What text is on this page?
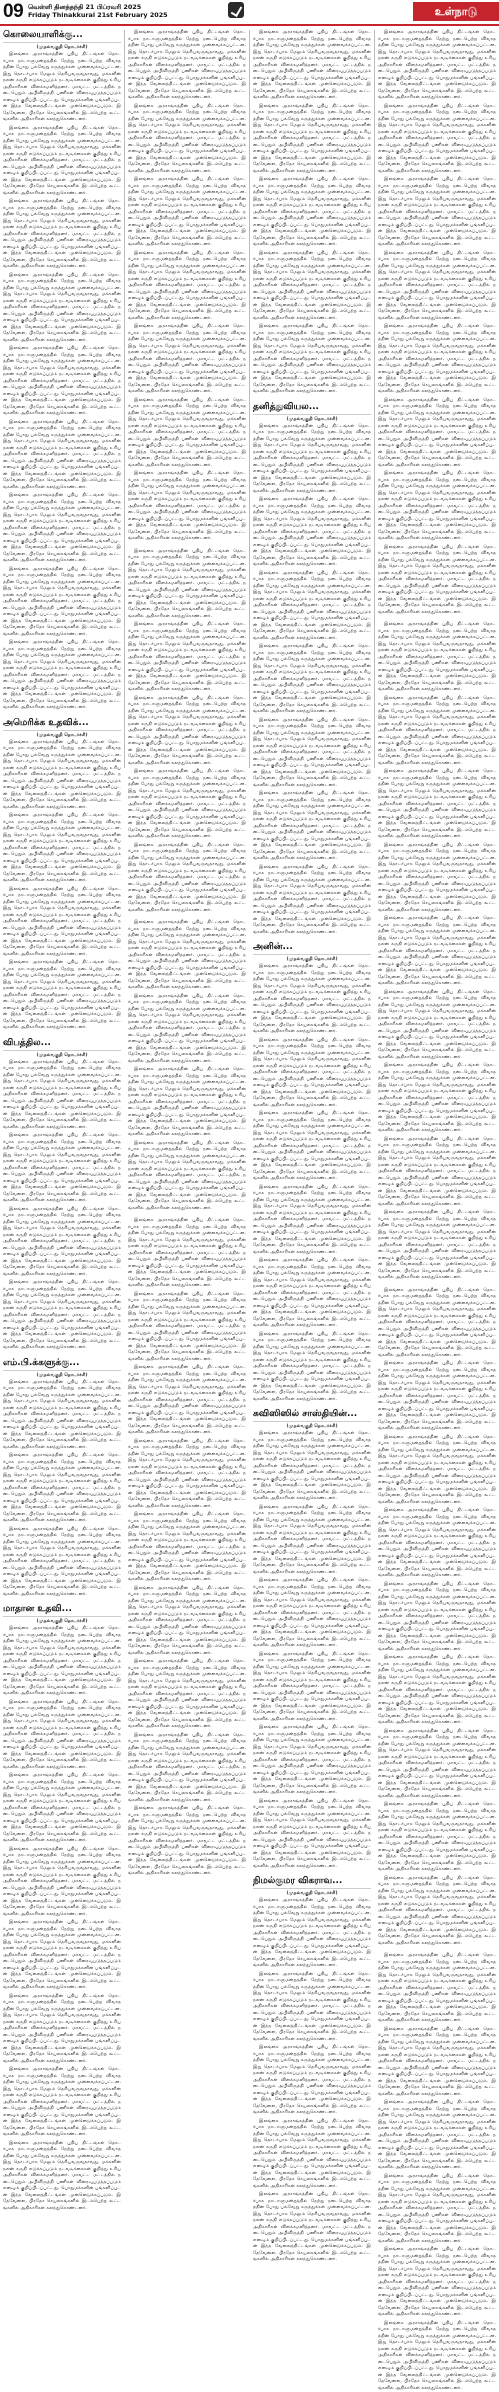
09 வெள்ளி தினத்தந்தி 21 பிப்ரவரி 2025
Friday Thinakkural 21st February 2025	உள்நாடு
கொலையாளிக்கு...
(முதல்வகுதி தொடர்ச்சி)

இலங்கை அரசாங்கத்தின் புதிய திட்டங்கள் தொடர்பாக நாடாளுமன்றத்தில் நேற்று நடைபெற்ற விவாதத்தின் போது பல்வேறு கருத்துக்கள் முன்வைக்கப்பட்டன. இது தொடர்பாக மேலும் தெரியவருவதாவது, மக்களின் நலன் கருதி எடுக்கப்படும் நடவடிக்கைகள் குறித்து உரிய அதிகாரிகள் விளக்கமளித்தனர். மாவட்ட மட்டத்தில் நடைபெறும் அபிவிருத்தி பணிகள் விரைவுபடுத்தப்படும் எனவும் குறிப்பிடப்பட்டது. பொதுமக்களின் பங்களிப்புடன் இந்த வேலைத்திட்டங்கள் முன்னெடுக்கப்படும். இதேவேளை, பிரதேச செயலகங்களில் இடம்பெற்ற கூட்டங்களில் அதிகாரிகள் கலந்துகொண்டனர்.

இலங்கை அரசாங்கத்தின் புதிய திட்டங்கள் தொடர்பாக நாடாளுமன்றத்தில் நேற்று நடைபெற்ற விவாதத்தின் போது பல்வேறு கருத்துக்கள் முன்வைக்கப்பட்டன. இது தொடர்பாக மேலும் தெரியவருவதாவது, மக்களின் நலன் கருதி எடுக்கப்படும் நடவடிக்கைகள் குறித்து உரிய அதிகாரிகள் விளக்கமளித்தனர். மாவட்ட மட்டத்தில் நடைபெறும் அபிவிருத்தி பணிகள் விரைவுபடுத்தப்படும் எனவும் குறிப்பிடப்பட்டது. பொதுமக்களின் பங்களிப்புடன் இந்த வேலைத்திட்டங்கள் முன்னெடுக்கப்படும். இதேவேளை, பிரதேச செயலகங்களில் இடம்பெற்ற கூட்டங்களில் அதிகாரிகள் கலந்துகொண்டனர்.

இலங்கை அரசாங்கத்தின் புதிய திட்டங்கள் தொடர்பாக நாடாளுமன்றத்தில் நேற்று நடைபெற்ற விவாதத்தின் போது பல்வேறு கருத்துக்கள் முன்வைக்கப்பட்டன. இது தொடர்பாக மேலும் தெரியவருவதாவது, மக்களின் நலன் கருதி எடுக்கப்படும் நடவடிக்கைகள் குறித்து உரிய அதிகாரிகள் விளக்கமளித்தனர். மாவட்ட மட்டத்தில் நடைபெறும் அபிவிருத்தி பணிகள் விரைவுபடுத்தப்படும் எனவும் குறிப்பிடப்பட்டது. பொதுமக்களின் பங்களிப்புடன் இந்த வேலைத்திட்டங்கள் முன்னெடுக்கப்படும். இதேவேளை, பிரதேச செயலகங்களில் இடம்பெற்ற கூட்டங்களில் அதிகாரிகள் கலந்துகொண்டனர்.

இலங்கை அரசாங்கத்தின் புதிய திட்டங்கள் தொடர்பாக நாடாளுமன்றத்தில் நேற்று நடைபெற்ற விவாதத்தின் போது பல்வேறு கருத்துக்கள் முன்வைக்கப்பட்டன. இது தொடர்பாக மேலும் தெரியவருவதாவது, மக்களின் நலன் கருதி எடுக்கப்படும் நடவடிக்கைகள் குறித்து உரிய அதிகாரிகள் விளக்கமளித்தனர். மாவட்ட மட்டத்தில் நடைபெறும் அபிவிருத்தி பணிகள் விரைவுபடுத்தப்படும் எனவும் குறிப்பிடப்பட்டது. பொதுமக்களின் பங்களிப்புடன் இந்த வேலைத்திட்டங்கள் முன்னெடுக்கப்படும். இதேவேளை, பிரதேச செயலகங்களில் இடம்பெற்ற கூட்டங்களில் அதிகாரிகள் கலந்துகொண்டனர்.

இலங்கை அரசாங்கத்தின் புதிய திட்டங்கள் தொடர்பாக நாடாளுமன்றத்தில் நேற்று நடைபெற்ற விவாதத்தின் போது பல்வேறு கருத்துக்கள் முன்வைக்கப்பட்டன. இது தொடர்பாக மேலும் தெரியவருவதாவது, மக்களின் நலன் கருதி எடுக்கப்படும் நடவடிக்கைகள் குறித்து உரிய அதிகாரிகள் விளக்கமளித்தனர். மாவட்ட மட்டத்தில் நடைபெறும் அபிவிருத்தி பணிகள் விரைவுபடுத்தப்படும் எனவும் குறிப்பிடப்பட்டது. பொதுமக்களின் பங்களிப்புடன் இந்த வேலைத்திட்டங்கள் முன்னெடுக்கப்படும். இதேவேளை, பிரதேச செயலகங்களில் இடம்பெற்ற கூட்டங்களில் அதிகாரிகள் கலந்துகொண்டனர்.

இலங்கை அரசாங்கத்தின் புதிய திட்டங்கள் தொடர்பாக நாடாளுமன்றத்தில் நேற்று நடைபெற்ற விவாதத்தின் போது பல்வேறு கருத்துக்கள் முன்வைக்கப்பட்டன. இது தொடர்பாக மேலும் தெரியவருவதாவது, மக்களின் நலன் கருதி எடுக்கப்படும் நடவடிக்கைகள் குறித்து உரிய அதிகாரிகள் விளக்கமளித்தனர். மாவட்ட மட்டத்தில் நடைபெறும் அபிவிருத்தி பணிகள் விரைவுபடுத்தப்படும் எனவும் குறிப்பிடப்பட்டது. பொதுமக்களின் பங்களிப்புடன் இந்த வேலைத்திட்டங்கள் முன்னெடுக்கப்படும். இதேவேளை, பிரதேச செயலகங்களில் இடம்பெற்ற கூட்டங்களில் அதிகாரிகள் கலந்துகொண்டனர்.

இலங்கை அரசாங்கத்தின் புதிய திட்டங்கள் தொடர்பாக நாடாளுமன்றத்தில் நேற்று நடைபெற்ற விவாதத்தின் போது பல்வேறு கருத்துக்கள் முன்வைக்கப்பட்டன. இது தொடர்பாக மேலும் தெரியவருவதாவது, மக்களின் நலன் கருதி எடுக்கப்படும் நடவடிக்கைகள் குறித்து உரிய அதிகாரிகள் விளக்கமளித்தனர். மாவட்ட மட்டத்தில் நடைபெறும் அபிவிருத்தி பணிகள் விரைவுபடுத்தப்படும் எனவும் குறிப்பிடப்பட்டது. பொதுமக்களின் பங்களிப்புடன் இந்த வேலைத்திட்டங்கள் முன்னெடுக்கப்படும். இதேவேளை, பிரதேச செயலகங்களில் இடம்பெற்ற கூட்டங்களில் அதிகாரிகள் கலந்துகொண்டனர்.

இலங்கை அரசாங்கத்தின் புதிய திட்டங்கள் தொடர்பாக நாடாளுமன்றத்தில் நேற்று நடைபெற்ற விவாதத்தின் போது பல்வேறு கருத்துக்கள் முன்வைக்கப்பட்டன. இது தொடர்பாக மேலும் தெரியவருவதாவது, மக்களின் நலன் கருதி எடுக்கப்படும் நடவடிக்கைகள் குறித்து உரிய அதிகாரிகள் விளக்கமளித்தனர். மாவட்ட மட்டத்தில் நடைபெறும் அபிவிருத்தி பணிகள் விரைவுபடுத்தப்படும் எனவும் குறிப்பிடப்பட்டது. பொதுமக்களின் பங்களிப்புடன் இந்த வேலைத்திட்டங்கள் முன்னெடுக்கப்படும். இதேவேளை, பிரதேச செயலகங்களில் இடம்பெற்ற கூட்டங்களில் அதிகாரிகள் கலந்துகொண்டனர்.

இலங்கை அரசாங்கத்தின் புதிய திட்டங்கள் தொடர்பாக நாடாளுமன்றத்தில் நேற்று நடைபெற்ற விவாதத்தின் போது பல்வேறு கருத்துக்கள் முன்வைக்கப்பட்டன. இது தொடர்பாக மேலும் தெரியவருவதாவது, மக்களின் நலன் கருதி எடுக்கப்படும் நடவடிக்கைகள் குறித்து உரிய அதிகாரிகள் விளக்கமளித்தனர். மாவட்ட மட்டத்தில் நடைபெறும் அபிவிருத்தி பணிகள் விரைவுபடுத்தப்படும் எனவும் குறிப்பிடப்பட்டது. பொதுமக்களின் பங்களிப்புடன் இந்த வேலைத்திட்டங்கள் முன்னெடுக்கப்படும். இதேவேளை, பிரதேச செயலகங்களில் இடம்பெற்ற கூட்டங்களில் அதிகாரிகள் கலந்துகொண்டனர்.

அமெரிக்க உதவிக்...
(முதல்வகுதி தொடர்ச்சி)

இலங்கை அரசாங்கத்தின் புதிய திட்டங்கள் தொடர்பாக நாடாளுமன்றத்தில் நேற்று நடைபெற்ற விவாதத்தின் போது பல்வேறு கருத்துக்கள் முன்வைக்கப்பட்டன. இது தொடர்பாக மேலும் தெரியவருவதாவது, மக்களின் நலன் கருதி எடுக்கப்படும் நடவடிக்கைகள் குறித்து உரிய அதிகாரிகள் விளக்கமளித்தனர். மாவட்ட மட்டத்தில் நடைபெறும் அபிவிருத்தி பணிகள் விரைவுபடுத்தப்படும் எனவும் குறிப்பிடப்பட்டது. பொதுமக்களின் பங்களிப்புடன் இந்த வேலைத்திட்டங்கள் முன்னெடுக்கப்படும். இதேவேளை, பிரதேச செயலகங்களில் இடம்பெற்ற கூட்டங்களில் அதிகாரிகள் கலந்துகொண்டனர்.

இலங்கை அரசாங்கத்தின் புதிய திட்டங்கள் தொடர்பாக நாடாளுமன்றத்தில் நேற்று நடைபெற்ற விவாதத்தின் போது பல்வேறு கருத்துக்கள் முன்வைக்கப்பட்டன. இது தொடர்பாக மேலும் தெரியவருவதாவது, மக்களின் நலன் கருதி எடுக்கப்படும் நடவடிக்கைகள் குறித்து உரிய அதிகாரிகள் விளக்கமளித்தனர். மாவட்ட மட்டத்தில் நடைபெறும் அபிவிருத்தி பணிகள் விரைவுபடுத்தப்படும் எனவும் குறிப்பிடப்பட்டது. பொதுமக்களின் பங்களிப்புடன் இந்த வேலைத்திட்டங்கள் முன்னெடுக்கப்படும். இதேவேளை, பிரதேச செயலகங்களில் இடம்பெற்ற கூட்டங்களில் அதிகாரிகள் கலந்துகொண்டனர்.

இலங்கை அரசாங்கத்தின் புதிய திட்டங்கள் தொடர்பாக நாடாளுமன்றத்தில் நேற்று நடைபெற்ற விவாதத்தின் போது பல்வேறு கருத்துக்கள் முன்வைக்கப்பட்டன. இது தொடர்பாக மேலும் தெரியவருவதாவது, மக்களின் நலன் கருதி எடுக்கப்படும் நடவடிக்கைகள் குறித்து உரிய அதிகாரிகள் விளக்கமளித்தனர். மாவட்ட மட்டத்தில் நடைபெறும் அபிவிருத்தி பணிகள் விரைவுபடுத்தப்படும் எனவும் குறிப்பிடப்பட்டது. பொதுமக்களின் பங்களிப்புடன் இந்த வேலைத்திட்டங்கள் முன்னெடுக்கப்படும். இதேவேளை, பிரதேச செயலகங்களில் இடம்பெற்ற கூட்டங்களில் அதிகாரிகள் கலந்துகொண்டனர்.

இலங்கை அரசாங்கத்தின் புதிய திட்டங்கள் தொடர்பாக நாடாளுமன்றத்தில் நேற்று நடைபெற்ற விவாதத்தின் போது பல்வேறு கருத்துக்கள் முன்வைக்கப்பட்டன. இது தொடர்பாக மேலும் தெரியவருவதாவது, மக்களின் நலன் கருதி எடுக்கப்படும் நடவடிக்கைகள் குறித்து உரிய அதிகாரிகள் விளக்கமளித்தனர். மாவட்ட மட்டத்தில் நடைபெறும் அபிவிருத்தி பணிகள் விரைவுபடுத்தப்படும் எனவும் குறிப்பிடப்பட்டது. பொதுமக்களின் பங்களிப்புடன் இந்த வேலைத்திட்டங்கள் முன்னெடுக்கப்படும். இதேவேளை, பிரதேச செயலகங்களில் இடம்பெற்ற கூட்டங்களில் அதிகாரிகள் கலந்துகொண்டனர்.

விபத்தில...
(முதல்வகுதி தொடர்ச்சி)

இலங்கை அரசாங்கத்தின் புதிய திட்டங்கள் தொடர்பாக நாடாளுமன்றத்தில் நேற்று நடைபெற்ற விவாதத்தின் போது பல்வேறு கருத்துக்கள் முன்வைக்கப்பட்டன. இது தொடர்பாக மேலும் தெரியவருவதாவது, மக்களின் நலன் கருதி எடுக்கப்படும் நடவடிக்கைகள் குறித்து உரிய அதிகாரிகள் விளக்கமளித்தனர். மாவட்ட மட்டத்தில் நடைபெறும் அபிவிருத்தி பணிகள் விரைவுபடுத்தப்படும் எனவும் குறிப்பிடப்பட்டது. பொதுமக்களின் பங்களிப்புடன் இந்த வேலைத்திட்டங்கள் முன்னெடுக்கப்படும். இதேவேளை, பிரதேச செயலகங்களில் இடம்பெற்ற கூட்டங்களில் அதிகாரிகள் கலந்துகொண்டனர்.

இலங்கை அரசாங்கத்தின் புதிய திட்டங்கள் தொடர்பாக நாடாளுமன்றத்தில் நேற்று நடைபெற்ற விவாதத்தின் போது பல்வேறு கருத்துக்கள் முன்வைக்கப்பட்டன. இது தொடர்பாக மேலும் தெரியவருவதாவது, மக்களின் நலன் கருதி எடுக்கப்படும் நடவடிக்கைகள் குறித்து உரிய அதிகாரிகள் விளக்கமளித்தனர். மாவட்ட மட்டத்தில் நடைபெறும் அபிவிருத்தி பணிகள் விரைவுபடுத்தப்படும் எனவும் குறிப்பிடப்பட்டது. பொதுமக்களின் பங்களிப்புடன் இந்த வேலைத்திட்டங்கள் முன்னெடுக்கப்படும். இதேவேளை, பிரதேச செயலகங்களில் இடம்பெற்ற கூட்டங்களில் அதிகாரிகள் கலந்துகொண்டனர்.

இலங்கை அரசாங்கத்தின் புதிய திட்டங்கள் தொடர்பாக நாடாளுமன்றத்தில் நேற்று நடைபெற்ற விவாதத்தின் போது பல்வேறு கருத்துக்கள் முன்வைக்கப்பட்டன. இது தொடர்பாக மேலும் தெரியவருவதாவது, மக்களின் நலன் கருதி எடுக்கப்படும் நடவடிக்கைகள் குறித்து உரிய அதிகாரிகள் விளக்கமளித்தனர். மாவட்ட மட்டத்தில் நடைபெறும் அபிவிருத்தி பணிகள் விரைவுபடுத்தப்படும் எனவும் குறிப்பிடப்பட்டது. பொதுமக்களின் பங்களிப்புடன் இந்த வேலைத்திட்டங்கள் முன்னெடுக்கப்படும். இதேவேளை, பிரதேச செயலகங்களில் இடம்பெற்ற கூட்டங்களில் அதிகாரிகள் கலந்துகொண்டனர்.

இலங்கை அரசாங்கத்தின் புதிய திட்டங்கள் தொடர்பாக நாடாளுமன்றத்தில் நேற்று நடைபெற்ற விவாதத்தின் போது பல்வேறு கருத்துக்கள் முன்வைக்கப்பட்டன. இது தொடர்பாக மேலும் தெரியவருவதாவது, மக்களின் நலன் கருதி எடுக்கப்படும் நடவடிக்கைகள் குறித்து உரிய அதிகாரிகள் விளக்கமளித்தனர். மாவட்ட மட்டத்தில் நடைபெறும் அபிவிருத்தி பணிகள் விரைவுபடுத்தப்படும் எனவும் குறிப்பிடப்பட்டது. பொதுமக்களின் பங்களிப்புடன் இந்த வேலைத்திட்டங்கள் முன்னெடுக்கப்படும். இதேவேளை, பிரதேச செயலகங்களில் இடம்பெற்ற கூட்டங்களில் அதிகாரிகள் கலந்துகொண்டனர்.

எம்.பி.க்களுக்கு...
(முதல்வகுதி தொடர்ச்சி)

இலங்கை அரசாங்கத்தின் புதிய திட்டங்கள் தொடர்பாக நாடாளுமன்றத்தில் நேற்று நடைபெற்ற விவாதத்தின் போது பல்வேறு கருத்துக்கள் முன்வைக்கப்பட்டன. இது தொடர்பாக மேலும் தெரியவருவதாவது, மக்களின் நலன் கருதி எடுக்கப்படும் நடவடிக்கைகள் குறித்து உரிய அதிகாரிகள் விளக்கமளித்தனர். மாவட்ட மட்டத்தில் நடைபெறும் அபிவிருத்தி பணிகள் விரைவுபடுத்தப்படும் எனவும் குறிப்பிடப்பட்டது. பொதுமக்களின் பங்களிப்புடன் இந்த வேலைத்திட்டங்கள் முன்னெடுக்கப்படும். இதேவேளை, பிரதேச செயலகங்களில் இடம்பெற்ற கூட்டங்களில் அதிகாரிகள் கலந்துகொண்டனர்.

இலங்கை அரசாங்கத்தின் புதிய திட்டங்கள் தொடர்பாக நாடாளுமன்றத்தில் நேற்று நடைபெற்ற விவாதத்தின் போது பல்வேறு கருத்துக்கள் முன்வைக்கப்பட்டன. இது தொடர்பாக மேலும் தெரியவருவதாவது, மக்களின் நலன் கருதி எடுக்கப்படும் நடவடிக்கைகள் குறித்து உரிய அதிகாரிகள் விளக்கமளித்தனர். மாவட்ட மட்டத்தில் நடைபெறும் அபிவிருத்தி பணிகள் விரைவுபடுத்தப்படும் எனவும் குறிப்பிடப்பட்டது. பொதுமக்களின் பங்களிப்புடன் இந்த வேலைத்திட்டங்கள் முன்னெடுக்கப்படும். இதேவேளை, பிரதேச செயலகங்களில் இடம்பெற்ற கூட்டங்களில் அதிகாரிகள் கலந்துகொண்டனர்.

இலங்கை அரசாங்கத்தின் புதிய திட்டங்கள் தொடர்பாக நாடாளுமன்றத்தில் நேற்று நடைபெற்ற விவாதத்தின் போது பல்வேறு கருத்துக்கள் முன்வைக்கப்பட்டன. இது தொடர்பாக மேலும் தெரியவருவதாவது, மக்களின் நலன் கருதி எடுக்கப்படும் நடவடிக்கைகள் குறித்து உரிய அதிகாரிகள் விளக்கமளித்தனர். மாவட்ட மட்டத்தில் நடைபெறும் அபிவிருத்தி பணிகள் விரைவுபடுத்தப்படும் எனவும் குறிப்பிடப்பட்டது. பொதுமக்களின் பங்களிப்புடன் இந்த வேலைத்திட்டங்கள் முன்னெடுக்கப்படும். இதேவேளை, பிரதேச செயலகங்களில் இடம்பெற்ற கூட்டங்களில் அதிகாரிகள் கலந்துகொண்டனர்.

மாதான உதவி...
(முதல்வகுதி தொடர்ச்சி)

இலங்கை அரசாங்கத்தின் புதிய திட்டங்கள் தொடர்பாக நாடாளுமன்றத்தில் நேற்று நடைபெற்ற விவாதத்தின் போது பல்வேறு கருத்துக்கள் முன்வைக்கப்பட்டன. இது தொடர்பாக மேலும் தெரியவருவதாவது, மக்களின் நலன் கருதி எடுக்கப்படும் நடவடிக்கைகள் குறித்து உரிய அதிகாரிகள் விளக்கமளித்தனர். மாவட்ட மட்டத்தில் நடைபெறும் அபிவிருத்தி பணிகள் விரைவுபடுத்தப்படும் எனவும் குறிப்பிடப்பட்டது. பொதுமக்களின் பங்களிப்புடன் இந்த வேலைத்திட்டங்கள் முன்னெடுக்கப்படும். இதேவேளை, பிரதேச செயலகங்களில் இடம்பெற்ற கூட்டங்களில் அதிகாரிகள் கலந்துகொண்டனர்.

இலங்கை அரசாங்கத்தின் புதிய திட்டங்கள் தொடர்பாக நாடாளுமன்றத்தில் நேற்று நடைபெற்ற விவாதத்தின் போது பல்வேறு கருத்துக்கள் முன்வைக்கப்பட்டன. இது தொடர்பாக மேலும் தெரியவருவதாவது, மக்களின் நலன் கருதி எடுக்கப்படும் நடவடிக்கைகள் குறித்து உரிய அதிகாரிகள் விளக்கமளித்தனர். மாவட்ட மட்டத்தில் நடைபெறும் அபிவிருத்தி பணிகள் விரைவுபடுத்தப்படும் எனவும் குறிப்பிடப்பட்டது. பொதுமக்களின் பங்களிப்புடன் இந்த வேலைத்திட்டங்கள் முன்னெடுக்கப்படும். இதேவேளை, பிரதேச செயலகங்களில் இடம்பெற்ற கூட்டங்களில் அதிகாரிகள் கலந்துகொண்டனர்.

இலங்கை அரசாங்கத்தின் புதிய திட்டங்கள் தொடர்பாக நாடாளுமன்றத்தில் நேற்று நடைபெற்ற விவாதத்தின் போது பல்வேறு கருத்துக்கள் முன்வைக்கப்பட்டன. இது தொடர்பாக மேலும் தெரியவருவதாவது, மக்களின் நலன் கருதி எடுக்கப்படும் நடவடிக்கைகள் குறித்து உரிய அதிகாரிகள் விளக்கமளித்தனர். மாவட்ட மட்டத்தில் நடைபெறும் அபிவிருத்தி பணிகள் விரைவுபடுத்தப்படும் எனவும் குறிப்பிடப்பட்டது. பொதுமக்களின் பங்களிப்புடன் இந்த வேலைத்திட்டங்கள் முன்னெடுக்கப்படும். இதேவேளை, பிரதேச செயலகங்களில் இடம்பெற்ற கூட்டங்களில் அதிகாரிகள் கலந்துகொண்டனர்.

இலங்கை அரசாங்கத்தின் புதிய திட்டங்கள் தொடர்பாக நாடாளுமன்றத்தில் நேற்று நடைபெற்ற விவாதத்தின் போது பல்வேறு கருத்துக்கள் முன்வைக்கப்பட்டன. இது தொடர்பாக மேலும் தெரியவருவதாவது, மக்களின் நலன் கருதி எடுக்கப்படும் நடவடிக்கைகள் குறித்து உரிய அதிகாரிகள் விளக்கமளித்தனர். மாவட்ட மட்டத்தில் நடைபெறும் அபிவிருத்தி பணிகள் விரைவுபடுத்தப்படும் எனவும் குறிப்பிடப்பட்டது. பொதுமக்களின் பங்களிப்புடன் இந்த வேலைத்திட்டங்கள் முன்னெடுக்கப்படும். இதேவேளை, பிரதேச செயலகங்களில் இடம்பெற்ற கூட்டங்களில் அதிகாரிகள் கலந்துகொண்டனர்.

இலங்கை அரசாங்கத்தின் புதிய திட்டங்கள் தொடர்பாக நாடாளுமன்றத்தில் நேற்று நடைபெற்ற விவாதத்தின் போது பல்வேறு கருத்துக்கள் முன்வைக்கப்பட்டன. இது தொடர்பாக மேலும் தெரியவருவதாவது, மக்களின் நலன் கருதி எடுக்கப்படும் நடவடிக்கைகள் குறித்து உரிய அதிகாரிகள் விளக்கமளித்தனர். மாவட்ட மட்டத்தில் நடைபெறும் அபிவிருத்தி பணிகள் விரைவுபடுத்தப்படும் எனவும் குறிப்பிடப்பட்டது. பொதுமக்களின் பங்களிப்புடன் இந்த வேலைத்திட்டங்கள் முன்னெடுக்கப்படும். இதேவேளை, பிரதேச செயலகங்களில் இடம்பெற்ற கூட்டங்களில் அதிகாரிகள் கலந்துகொண்டனர்.

இலங்கை அரசாங்கத்தின் புதிய திட்டங்கள் தொடர்பாக நாடாளுமன்றத்தில் நேற்று நடைபெற்ற விவாதத்தின் போது பல்வேறு கருத்துக்கள் முன்வைக்கப்பட்டன. இது தொடர்பாக மேலும் தெரியவருவதாவது, மக்களின் நலன் கருதி எடுக்கப்படும் நடவடிக்கைகள் குறித்து உரிய அதிகாரிகள் விளக்கமளித்தனர். மாவட்ட மட்டத்தில் நடைபெறும் அபிவிருத்தி பணிகள் விரைவுபடுத்தப்படும் எனவும் குறிப்பிடப்பட்டது. பொதுமக்களின் பங்களிப்புடன் இந்த வேலைத்திட்டங்கள் முன்னெடுக்கப்படும். இதேவேளை, பிரதேச செயலகங்களில் இடம்பெற்ற கூட்டங்களில் அதிகாரிகள் கலந்துகொண்டனர்.

இலங்கை அரசாங்கத்தின் புதிய திட்டங்கள் தொடர்பாக நாடாளுமன்றத்தில் நேற்று நடைபெற்ற விவாதத்தின் போது பல்வேறு கருத்துக்கள் முன்வைக்கப்பட்டன. இது தொடர்பாக மேலும் தெரியவருவதாவது, மக்களின் நலன் கருதி எடுக்கப்படும் நடவடிக்கைகள் குறித்து உரிய அதிகாரிகள் விளக்கமளித்தனர். மாவட்ட மட்டத்தில் நடைபெறும் அபிவிருத்தி பணிகள் விரைவுபடுத்தப்படும் எனவும் குறிப்பிடப்பட்டது. பொதுமக்களின் பங்களிப்புடன் இந்த வேலைத்திட்டங்கள் முன்னெடுக்கப்படும். இதேவேளை, பிரதேச செயலகங்களில் இடம்பெற்ற கூட்டங்களில் அதிகாரிகள் கலந்துகொண்டனர்.

இலங்கை அரசாங்கத்தின் புதிய திட்டங்கள் தொடர்பாக நாடாளுமன்றத்தில் நேற்று நடைபெற்ற விவாதத்தின் போது பல்வேறு கருத்துக்கள் முன்வைக்கப்பட்டன. இது தொடர்பாக மேலும் தெரியவருவதாவது, மக்களின் நலன் கருதி எடுக்கப்படும் நடவடிக்கைகள் குறித்து உரிய அதிகாரிகள் விளக்கமளித்தனர். மாவட்ட மட்டத்தில் நடைபெறும் அபிவிருத்தி பணிகள் விரைவுபடுத்தப்படும் எனவும் குறிப்பிடப்பட்டது. பொதுமக்களின் பங்களிப்புடன் இந்த வேலைத்திட்டங்கள் முன்னெடுக்கப்படும். இதேவேளை, பிரதேச செயலகங்களில் இடம்பெற்ற கூட்டங்களில் அதிகாரிகள் கலந்துகொண்டனர்.

இலங்கை அரசாங்கத்தின் புதிய திட்டங்கள் தொடர்பாக நாடாளுமன்றத்தில் நேற்று நடைபெற்ற விவாதத்தின் போது பல்வேறு கருத்துக்கள் முன்வைக்கப்பட்டன. இது தொடர்பாக மேலும் தெரியவருவதாவது, மக்களின் நலன் கருதி எடுக்கப்படும் நடவடிக்கைகள் குறித்து உரிய அதிகாரிகள் விளக்கமளித்தனர். மாவட்ட மட்டத்தில் நடைபெறும் அபிவிருத்தி பணிகள் விரைவுபடுத்தப்படும் எனவும் குறிப்பிடப்பட்டது. பொதுமக்களின் பங்களிப்புடன் இந்த வேலைத்திட்டங்கள் முன்னெடுக்கப்படும். இதேவேளை, பிரதேச செயலகங்களில் இடம்பெற்ற கூட்டங்களில் அதிகாரிகள் கலந்துகொண்டனர்.

இலங்கை அரசாங்கத்தின் புதிய திட்டங்கள் தொடர்பாக நாடாளுமன்றத்தில் நேற்று நடைபெற்ற விவாதத்தின் போது பல்வேறு கருத்துக்கள் முன்வைக்கப்பட்டன. இது தொடர்பாக மேலும் தெரியவருவதாவது, மக்களின் நலன் கருதி எடுக்கப்படும் நடவடிக்கைகள் குறித்து உரிய அதிகாரிகள் விளக்கமளித்தனர். மாவட்ட மட்டத்தில் நடைபெறும் அபிவிருத்தி பணிகள் விரைவுபடுத்தப்படும் எனவும் குறிப்பிடப்பட்டது. பொதுமக்களின் பங்களிப்புடன் இந்த வேலைத்திட்டங்கள் முன்னெடுக்கப்படும். இதேவேளை, பிரதேச செயலகங்களில் இடம்பெற்ற கூட்டங்களில் அதிகாரிகள் கலந்துகொண்டனர்.

இலங்கை அரசாங்கத்தின் புதிய திட்டங்கள் தொடர்பாக நாடாளுமன்றத்தில் நேற்று நடைபெற்ற விவாதத்தின் போது பல்வேறு கருத்துக்கள் முன்வைக்கப்பட்டன. இது தொடர்பாக மேலும் தெரியவருவதாவது, மக்களின் நலன் கருதி எடுக்கப்படும் நடவடிக்கைகள் குறித்து உரிய அதிகாரிகள் விளக்கமளித்தனர். மாவட்ட மட்டத்தில் நடைபெறும் அபிவிருத்தி பணிகள் விரைவுபடுத்தப்படும் எனவும் குறிப்பிடப்பட்டது. பொதுமக்களின் பங்களிப்புடன் இந்த வேலைத்திட்டங்கள் முன்னெடுக்கப்படும். இதேவேளை, பிரதேச செயலகங்களில் இடம்பெற்ற கூட்டங்களில் அதிகாரிகள் கலந்துகொண்டனர்.

இலங்கை அரசாங்கத்தின் புதிய திட்டங்கள் தொடர்பாக நாடாளுமன்றத்தில் நேற்று நடைபெற்ற விவாதத்தின் போது பல்வேறு கருத்துக்கள் முன்வைக்கப்பட்டன. இது தொடர்பாக மேலும் தெரியவருவதாவது, மக்களின் நலன் கருதி எடுக்கப்படும் நடவடிக்கைகள் குறித்து உரிய அதிகாரிகள் விளக்கமளித்தனர். மாவட்ட மட்டத்தில் நடைபெறும் அபிவிருத்தி பணிகள் விரைவுபடுத்தப்படும் எனவும் குறிப்பிடப்பட்டது. பொதுமக்களின் பங்களிப்புடன் இந்த வேலைத்திட்டங்கள் முன்னெடுக்கப்படும். இதேவேளை, பிரதேச செயலகங்களில் இடம்பெற்ற கூட்டங்களில் அதிகாரிகள் கலந்துகொண்டனர்.

இலங்கை அரசாங்கத்தின் புதிய திட்டங்கள் தொடர்பாக நாடாளுமன்றத்தில் நேற்று நடைபெற்ற விவாதத்தின் போது பல்வேறு கருத்துக்கள் முன்வைக்கப்பட்டன. இது தொடர்பாக மேலும் தெரியவருவதாவது, மக்களின் நலன் கருதி எடுக்கப்படும் நடவடிக்கைகள் குறித்து உரிய அதிகாரிகள் விளக்கமளித்தனர். மாவட்ட மட்டத்தில் நடைபெறும் அபிவிருத்தி பணிகள் விரைவுபடுத்தப்படும் எனவும் குறிப்பிடப்பட்டது. பொதுமக்களின் பங்களிப்புடன் இந்த வேலைத்திட்டங்கள் முன்னெடுக்கப்படும். இதேவேளை, பிரதேச செயலகங்களில் இடம்பெற்ற கூட்டங்களில் அதிகாரிகள் கலந்துகொண்டனர்.

இலங்கை அரசாங்கத்தின் புதிய திட்டங்கள் தொடர்பாக நாடாளுமன்றத்தில் நேற்று நடைபெற்ற விவாதத்தின் போது பல்வேறு கருத்துக்கள் முன்வைக்கப்பட்டன. இது தொடர்பாக மேலும் தெரியவருவதாவது, மக்களின் நலன் கருதி எடுக்கப்படும் நடவடிக்கைகள் குறித்து உரிய அதிகாரிகள் விளக்கமளித்தனர். மாவட்ட மட்டத்தில் நடைபெறும் அபிவிருத்தி பணிகள் விரைவுபடுத்தப்படும் எனவும் குறிப்பிடப்பட்டது. பொதுமக்களின் பங்களிப்புடன் இந்த வேலைத்திட்டங்கள் முன்னெடுக்கப்படும். இதேவேளை, பிரதேச செயலகங்களில் இடம்பெற்ற கூட்டங்களில் அதிகாரிகள் கலந்துகொண்டனர்.

இலங்கை அரசாங்கத்தின் புதிய திட்டங்கள் தொடர்பாக நாடாளுமன்றத்தில் நேற்று நடைபெற்ற விவாதத்தின் போது பல்வேறு கருத்துக்கள் முன்வைக்கப்பட்டன. இது தொடர்பாக மேலும் தெரியவருவதாவது, மக்களின் நலன் கருதி எடுக்கப்படும் நடவடிக்கைகள் குறித்து உரிய அதிகாரிகள் விளக்கமளித்தனர். மாவட்ட மட்டத்தில் நடைபெறும் அபிவிருத்தி பணிகள் விரைவுபடுத்தப்படும் எனவும் குறிப்பிடப்பட்டது. பொதுமக்களின் பங்களிப்புடன் இந்த வேலைத்திட்டங்கள் முன்னெடுக்கப்படும். இதேவேளை, பிரதேச செயலகங்களில் இடம்பெற்ற கூட்டங்களில் அதிகாரிகள் கலந்துகொண்டனர்.

இலங்கை அரசாங்கத்தின் புதிய திட்டங்கள் தொடர்பாக நாடாளுமன்றத்தில் நேற்று நடைபெற்ற விவாதத்தின் போது பல்வேறு கருத்துக்கள் முன்வைக்கப்பட்டன. இது தொடர்பாக மேலும் தெரியவருவதாவது, மக்களின் நலன் கருதி எடுக்கப்படும் நடவடிக்கைகள் குறித்து உரிய அதிகாரிகள் விளக்கமளித்தனர். மாவட்ட மட்டத்தில் நடைபெறும் அபிவிருத்தி பணிகள் விரைவுபடுத்தப்படும் எனவும் குறிப்பிடப்பட்டது. பொதுமக்களின் பங்களிப்புடன் இந்த வேலைத்திட்டங்கள் முன்னெடுக்கப்படும். இதேவேளை, பிரதேச செயலகங்களில் இடம்பெற்ற கூட்டங்களில் அதிகாரிகள் கலந்துகொண்டனர்.

இலங்கை அரசாங்கத்தின் புதிய திட்டங்கள் தொடர்பாக நாடாளுமன்றத்தில் நேற்று நடைபெற்ற விவாதத்தின் போது பல்வேறு கருத்துக்கள் முன்வைக்கப்பட்டன. இது தொடர்பாக மேலும் தெரியவருவதாவது, மக்களின் நலன் கருதி எடுக்கப்படும் நடவடிக்கைகள் குறித்து உரிய அதிகாரிகள் விளக்கமளித்தனர். மாவட்ட மட்டத்தில் நடைபெறும் அபிவிருத்தி பணிகள் விரைவுபடுத்தப்படும் எனவும் குறிப்பிடப்பட்டது. பொதுமக்களின் பங்களிப்புடன் இந்த வேலைத்திட்டங்கள் முன்னெடுக்கப்படும். இதேவேளை, பிரதேச செயலகங்களில் இடம்பெற்ற கூட்டங்களில் அதிகாரிகள் கலந்துகொண்டனர்.

இலங்கை அரசாங்கத்தின் புதிய திட்டங்கள் தொடர்பாக நாடாளுமன்றத்தில் நேற்று நடைபெற்ற விவாதத்தின் போது பல்வேறு கருத்துக்கள் முன்வைக்கப்பட்டன. இது தொடர்பாக மேலும் தெரியவருவதாவது, மக்களின் நலன் கருதி எடுக்கப்படும் நடவடிக்கைகள் குறித்து உரிய அதிகாரிகள் விளக்கமளித்தனர். மாவட்ட மட்டத்தில் நடைபெறும் அபிவிருத்தி பணிகள் விரைவுபடுத்தப்படும் எனவும் குறிப்பிடப்பட்டது. பொதுமக்களின் பங்களிப்புடன் இந்த வேலைத்திட்டங்கள் முன்னெடுக்கப்படும். இதேவேளை, பிரதேச செயலகங்களில் இடம்பெற்ற கூட்டங்களில் அதிகாரிகள் கலந்துகொண்டனர்.

இலங்கை அரசாங்கத்தின் புதிய திட்டங்கள் தொடர்பாக நாடாளுமன்றத்தில் நேற்று நடைபெற்ற விவாதத்தின் போது பல்வேறு கருத்துக்கள் முன்வைக்கப்பட்டன. இது தொடர்பாக மேலும் தெரியவருவதாவது, மக்களின் நலன் கருதி எடுக்கப்படும் நடவடிக்கைகள் குறித்து உரிய அதிகாரிகள் விளக்கமளித்தனர். மாவட்ட மட்டத்தில் நடைபெறும் அபிவிருத்தி பணிகள் விரைவுபடுத்தப்படும் எனவும் குறிப்பிடப்பட்டது. பொதுமக்களின் பங்களிப்புடன் இந்த வேலைத்திட்டங்கள் முன்னெடுக்கப்படும். இதேவேளை, பிரதேச செயலகங்களில் இடம்பெற்ற கூட்டங்களில் அதிகாரிகள் கலந்துகொண்டனர்.

இலங்கை அரசாங்கத்தின் புதிய திட்டங்கள் தொடர்பாக நாடாளுமன்றத்தில் நேற்று நடைபெற்ற விவாதத்தின் போது பல்வேறு கருத்துக்கள் முன்வைக்கப்பட்டன. இது தொடர்பாக மேலும் தெரியவருவதாவது, மக்களின் நலன் கருதி எடுக்கப்படும் நடவடிக்கைகள் குறித்து உரிய அதிகாரிகள் விளக்கமளித்தனர். மாவட்ட மட்டத்தில் நடைபெறும் அபிவிருத்தி பணிகள் விரைவுபடுத்தப்படும் எனவும் குறிப்பிடப்பட்டது. பொதுமக்களின் பங்களிப்புடன் இந்த வேலைத்திட்டங்கள் முன்னெடுக்கப்படும். இதேவேளை, பிரதேச செயலகங்களில் இடம்பெற்ற கூட்டங்களில் அதிகாரிகள் கலந்துகொண்டனர்.

இலங்கை அரசாங்கத்தின் புதிய திட்டங்கள் தொடர்பாக நாடாளுமன்றத்தில் நேற்று நடைபெற்ற விவாதத்தின் போது பல்வேறு கருத்துக்கள் முன்வைக்கப்பட்டன. இது தொடர்பாக மேலும் தெரியவருவதாவது, மக்களின் நலன் கருதி எடுக்கப்படும் நடவடிக்கைகள் குறித்து உரிய அதிகாரிகள் விளக்கமளித்தனர். மாவட்ட மட்டத்தில் நடைபெறும் அபிவிருத்தி பணிகள் விரைவுபடுத்தப்படும் எனவும் குறிப்பிடப்பட்டது. பொதுமக்களின் பங்களிப்புடன் இந்த வேலைத்திட்டங்கள் முன்னெடுக்கப்படும். இதேவேளை, பிரதேச செயலகங்களில் இடம்பெற்ற கூட்டங்களில் அதிகாரிகள் கலந்துகொண்டனர்.

இலங்கை அரசாங்கத்தின் புதிய திட்டங்கள் தொடர்பாக நாடாளுமன்றத்தில் நேற்று நடைபெற்ற விவாதத்தின் போது பல்வேறு கருத்துக்கள் முன்வைக்கப்பட்டன. இது தொடர்பாக மேலும் தெரியவருவதாவது, மக்களின் நலன் கருதி எடுக்கப்படும் நடவடிக்கைகள் குறித்து உரிய அதிகாரிகள் விளக்கமளித்தனர். மாவட்ட மட்டத்தில் நடைபெறும் அபிவிருத்தி பணிகள் விரைவுபடுத்தப்படும் எனவும் குறிப்பிடப்பட்டது. பொதுமக்களின் பங்களிப்புடன் இந்த வேலைத்திட்டங்கள் முன்னெடுக்கப்படும். இதேவேளை, பிரதேச செயலகங்களில் இடம்பெற்ற கூட்டங்களில் அதிகாரிகள் கலந்துகொண்டனர்.

இலங்கை அரசாங்கத்தின் புதிய திட்டங்கள் தொடர்பாக நாடாளுமன்றத்தில் நேற்று நடைபெற்ற விவாதத்தின் போது பல்வேறு கருத்துக்கள் முன்வைக்கப்பட்டன. இது தொடர்பாக மேலும் தெரியவருவதாவது, மக்களின் நலன் கருதி எடுக்கப்படும் நடவடிக்கைகள் குறித்து உரிய அதிகாரிகள் விளக்கமளித்தனர். மாவட்ட மட்டத்தில் நடைபெறும் அபிவிருத்தி பணிகள் விரைவுபடுத்தப்படும் எனவும் குறிப்பிடப்பட்டது. பொதுமக்களின் பங்களிப்புடன் இந்த வேலைத்திட்டங்கள் முன்னெடுக்கப்படும். இதேவேளை, பிரதேச செயலகங்களில் இடம்பெற்ற கூட்டங்களில் அதிகாரிகள் கலந்துகொண்டனர்.

இலங்கை அரசாங்கத்தின் புதிய திட்டங்கள் தொடர்பாக நாடாளுமன்றத்தில் நேற்று நடைபெற்ற விவாதத்தின் போது பல்வேறு கருத்துக்கள் முன்வைக்கப்பட்டன. இது தொடர்பாக மேலும் தெரியவருவதாவது, மக்களின் நலன் கருதி எடுக்கப்படும் நடவடிக்கைகள் குறித்து உரிய அதிகாரிகள் விளக்கமளித்தனர். மாவட்ட மட்டத்தில் நடைபெறும் அபிவிருத்தி பணிகள் விரைவுபடுத்தப்படும் எனவும் குறிப்பிடப்பட்டது. பொதுமக்களின் பங்களிப்புடன் இந்த வேலைத்திட்டங்கள் முன்னெடுக்கப்படும். இதேவேளை, பிரதேச செயலகங்களில் இடம்பெற்ற கூட்டங்களில் அதிகாரிகள் கலந்துகொண்டனர்.

இலங்கை அரசாங்கத்தின் புதிய திட்டங்கள் தொடர்பாக நாடாளுமன்றத்தில் நேற்று நடைபெற்ற விவாதத்தின் போது பல்வேறு கருத்துக்கள் முன்வைக்கப்பட்டன. இது தொடர்பாக மேலும் தெரியவருவதாவது, மக்களின் நலன் கருதி எடுக்கப்படும் நடவடிக்கைகள் குறித்து உரிய அதிகாரிகள் விளக்கமளித்தனர். மாவட்ட மட்டத்தில் நடைபெறும் அபிவிருத்தி பணிகள் விரைவுபடுத்தப்படும் எனவும் குறிப்பிடப்பட்டது. பொதுமக்களின் பங்களிப்புடன் இந்த வேலைத்திட்டங்கள் முன்னெடுக்கப்படும். இதேவேளை, பிரதேச செயலகங்களில் இடம்பெற்ற கூட்டங்களில் அதிகாரிகள் கலந்துகொண்டனர்.

இலங்கை அரசாங்கத்தின் புதிய திட்டங்கள் தொடர்பாக நாடாளுமன்றத்தில் நேற்று நடைபெற்ற விவாதத்தின் போது பல்வேறு கருத்துக்கள் முன்வைக்கப்பட்டன. இது தொடர்பாக மேலும் தெரியவருவதாவது, மக்களின் நலன் கருதி எடுக்கப்படும் நடவடிக்கைகள் குறித்து உரிய அதிகாரிகள் விளக்கமளித்தனர். மாவட்ட மட்டத்தில் நடைபெறும் அபிவிருத்தி பணிகள் விரைவுபடுத்தப்படும் எனவும் குறிப்பிடப்பட்டது. பொதுமக்களின் பங்களிப்புடன் இந்த வேலைத்திட்டங்கள் முன்னெடுக்கப்படும். இதேவேளை, பிரதேச செயலகங்களில் இடம்பெற்ற கூட்டங்களில் அதிகாரிகள் கலந்துகொண்டனர்.

இலங்கை அரசாங்கத்தின் புதிய திட்டங்கள் தொடர்பாக நாடாளுமன்றத்தில் நேற்று நடைபெற்ற விவாதத்தின் போது பல்வேறு கருத்துக்கள் முன்வைக்கப்பட்டன. இது தொடர்பாக மேலும் தெரியவருவதாவது, மக்களின் நலன் கருதி எடுக்கப்படும் நடவடிக்கைகள் குறித்து உரிய அதிகாரிகள் விளக்கமளித்தனர். மாவட்ட மட்டத்தில் நடைபெறும் அபிவிருத்தி பணிகள் விரைவுபடுத்தப்படும் எனவும் குறிப்பிடப்பட்டது. பொதுமக்களின் பங்களிப்புடன் இந்த வேலைத்திட்டங்கள் முன்னெடுக்கப்படும். இதேவேளை, பிரதேச செயலகங்களில் இடம்பெற்ற கூட்டங்களில் அதிகாரிகள் கலந்துகொண்டனர்.

இலங்கை அரசாங்கத்தின் புதிய திட்டங்கள் தொடர்பாக நாடாளுமன்றத்தில் நேற்று நடைபெற்ற விவாதத்தின் போது பல்வேறு கருத்துக்கள் முன்வைக்கப்பட்டன. இது தொடர்பாக மேலும் தெரியவருவதாவது, மக்களின் நலன் கருதி எடுக்கப்படும் நடவடிக்கைகள் குறித்து உரிய அதிகாரிகள் விளக்கமளித்தனர். மாவட்ட மட்டத்தில் நடைபெறும் அபிவிருத்தி பணிகள் விரைவுபடுத்தப்படும் எனவும் குறிப்பிடப்பட்டது. பொதுமக்களின் பங்களிப்புடன் இந்த வேலைத்திட்டங்கள் முன்னெடுக்கப்படும். இதேவேளை, பிரதேச செயலகங்களில் இடம்பெற்ற கூட்டங்களில் அதிகாரிகள் கலந்துகொண்டனர்.

இலங்கை அரசாங்கத்தின் புதிய திட்டங்கள் தொடர்பாக நாடாளுமன்றத்தில் நேற்று நடைபெற்ற விவாதத்தின் போது பல்வேறு கருத்துக்கள் முன்வைக்கப்பட்டன. இது தொடர்பாக மேலும் தெரியவருவதாவது, மக்களின் நலன் கருதி எடுக்கப்படும் நடவடிக்கைகள் குறித்து உரிய அதிகாரிகள் விளக்கமளித்தனர். மாவட்ட மட்டத்தில் நடைபெறும் அபிவிருத்தி பணிகள் விரைவுபடுத்தப்படும் எனவும் குறிப்பிடப்பட்டது. பொதுமக்களின் பங்களிப்புடன் இந்த வேலைத்திட்டங்கள் முன்னெடுக்கப்படும். இதேவேளை, பிரதேச செயலகங்களில் இடம்பெற்ற கூட்டங்களில் அதிகாரிகள் கலந்துகொண்டனர்.

இலங்கை அரசாங்கத்தின் புதிய திட்டங்கள் தொடர்பாக நாடாளுமன்றத்தில் நேற்று நடைபெற்ற விவாதத்தின் போது பல்வேறு கருத்துக்கள் முன்வைக்கப்பட்டன. இது தொடர்பாக மேலும் தெரியவருவதாவது, மக்களின் நலன் கருதி எடுக்கப்படும் நடவடிக்கைகள் குறித்து உரிய அதிகாரிகள் விளக்கமளித்தனர். மாவட்ட மட்டத்தில் நடைபெறும் அபிவிருத்தி பணிகள் விரைவுபடுத்தப்படும் எனவும் குறிப்பிடப்பட்டது. பொதுமக்களின் பங்களிப்புடன் இந்த வேலைத்திட்டங்கள் முன்னெடுக்கப்படும். இதேவேளை, பிரதேச செயலகங்களில் இடம்பெற்ற கூட்டங்களில் அதிகாரிகள் கலந்துகொண்டனர்.

இலங்கை அரசாங்கத்தின் புதிய திட்டங்கள் தொடர்பாக நாடாளுமன்றத்தில் நேற்று நடைபெற்ற விவாதத்தின் போது பல்வேறு கருத்துக்கள் முன்வைக்கப்பட்டன. இது தொடர்பாக மேலும் தெரியவருவதாவது, மக்களின் நலன் கருதி எடுக்கப்படும் நடவடிக்கைகள் குறித்து உரிய அதிகாரிகள் விளக்கமளித்தனர். மாவட்ட மட்டத்தில் நடைபெறும் அபிவிருத்தி பணிகள் விரைவுபடுத்தப்படும் எனவும் குறிப்பிடப்பட்டது. பொதுமக்களின் பங்களிப்புடன் இந்த வேலைத்திட்டங்கள் முன்னெடுக்கப்படும். இதேவேளை, பிரதேச செயலகங்களில் இடம்பெற்ற கூட்டங்களில் அதிகாரிகள் கலந்துகொண்டனர்.

இலங்கை அரசாங்கத்தின் புதிய திட்டங்கள் தொடர்பாக நாடாளுமன்றத்தில் நேற்று நடைபெற்ற விவாதத்தின் போது பல்வேறு கருத்துக்கள் முன்வைக்கப்பட்டன. இது தொடர்பாக மேலும் தெரியவருவதாவது, மக்களின் நலன் கருதி எடுக்கப்படும் நடவடிக்கைகள் குறித்து உரிய அதிகாரிகள் விளக்கமளித்தனர். மாவட்ட மட்டத்தில் நடைபெறும் அபிவிருத்தி பணிகள் விரைவுபடுத்தப்படும் எனவும் குறிப்பிடப்பட்டது. பொதுமக்களின் பங்களிப்புடன் இந்த வேலைத்திட்டங்கள் முன்னெடுக்கப்படும். இதேவேளை, பிரதேச செயலகங்களில் இடம்பெற்ற கூட்டங்களில் அதிகாரிகள் கலந்துகொண்டனர்.

இலங்கை அரசாங்கத்தின் புதிய திட்டங்கள் தொடர்பாக நாடாளுமன்றத்தில் நேற்று நடைபெற்ற விவாதத்தின் போது பல்வேறு கருத்துக்கள் முன்வைக்கப்பட்டன. இது தொடர்பாக மேலும் தெரியவருவதாவது, மக்களின் நலன் கருதி எடுக்கப்படும் நடவடிக்கைகள் குறித்து உரிய அதிகாரிகள் விளக்கமளித்தனர். மாவட்ட மட்டத்தில் நடைபெறும் அபிவிருத்தி பணிகள் விரைவுபடுத்தப்படும் எனவும் குறிப்பிடப்பட்டது. பொதுமக்களின் பங்களிப்புடன் இந்த வேலைத்திட்டங்கள் முன்னெடுக்கப்படும். இதேவேளை, பிரதேச செயலகங்களில் இடம்பெற்ற கூட்டங்களில் அதிகாரிகள் கலந்துகொண்டனர்.

இலங்கை அரசாங்கத்தின் புதிய திட்டங்கள் தொடர்பாக நாடாளுமன்றத்தில் நேற்று நடைபெற்ற விவாதத்தின் போது பல்வேறு கருத்துக்கள் முன்வைக்கப்பட்டன. இது தொடர்பாக மேலும் தெரியவருவதாவது, மக்களின் நலன் கருதி எடுக்கப்படும் நடவடிக்கைகள் குறித்து உரிய அதிகாரிகள் விளக்கமளித்தனர். மாவட்ட மட்டத்தில் நடைபெறும் அபிவிருத்தி பணிகள் விரைவுபடுத்தப்படும் எனவும் குறிப்பிடப்பட்டது. பொதுமக்களின் பங்களிப்புடன் இந்த வேலைத்திட்டங்கள் முன்னெடுக்கப்படும். இதேவேளை, பிரதேச செயலகங்களில் இடம்பெற்ற கூட்டங்களில் அதிகாரிகள் கலந்துகொண்டனர்.

இலங்கை அரசாங்கத்தின் புதிய திட்டங்கள் தொடர்பாக நாடாளுமன்றத்தில் நேற்று நடைபெற்ற விவாதத்தின் போது பல்வேறு கருத்துக்கள் முன்வைக்கப்பட்டன. இது தொடர்பாக மேலும் தெரியவருவதாவது, மக்களின் நலன் கருதி எடுக்கப்படும் நடவடிக்கைகள் குறித்து உரிய அதிகாரிகள் விளக்கமளித்தனர். மாவட்ட மட்டத்தில் நடைபெறும் அபிவிருத்தி பணிகள் விரைவுபடுத்தப்படும் எனவும் குறிப்பிடப்பட்டது. பொதுமக்களின் பங்களிப்புடன் இந்த வேலைத்திட்டங்கள் முன்னெடுக்கப்படும். இதேவேளை, பிரதேச செயலகங்களில் இடம்பெற்ற கூட்டங்களில் அதிகாரிகள் கலந்துகொண்டனர்.

இலங்கை அரசாங்கத்தின் புதிய திட்டங்கள் தொடர்பாக நாடாளுமன்றத்தில் நேற்று நடைபெற்ற விவாதத்தின் போது பல்வேறு கருத்துக்கள் முன்வைக்கப்பட்டன. இது தொடர்பாக மேலும் தெரியவருவதாவது, மக்களின் நலன் கருதி எடுக்கப்படும் நடவடிக்கைகள் குறித்து உரிய அதிகாரிகள் விளக்கமளித்தனர். மாவட்ட மட்டத்தில் நடைபெறும் அபிவிருத்தி பணிகள் விரைவுபடுத்தப்படும் எனவும் குறிப்பிடப்பட்டது. பொதுமக்களின் பங்களிப்புடன் இந்த வேலைத்திட்டங்கள் முன்னெடுக்கப்படும். இதேவேளை, பிரதேச செயலகங்களில் இடம்பெற்ற கூட்டங்களில் அதிகாரிகள் கலந்துகொண்டனர்.

இலங்கை அரசாங்கத்தின் புதிய திட்டங்கள் தொடர்பாக நாடாளுமன்றத்தில் நேற்று நடைபெற்ற விவாதத்தின் போது பல்வேறு கருத்துக்கள் முன்வைக்கப்பட்டன. இது தொடர்பாக மேலும் தெரியவருவதாவது, மக்களின் நலன் கருதி எடுக்கப்படும் நடவடிக்கைகள் குறித்து உரிய அதிகாரிகள் விளக்கமளித்தனர். மாவட்ட மட்டத்தில் நடைபெறும் அபிவிருத்தி பணிகள் விரைவுபடுத்தப்படும் எனவும் குறிப்பிடப்பட்டது. பொதுமக்களின் பங்களிப்புடன் இந்த வேலைத்திட்டங்கள் முன்னெடுக்கப்படும். இதேவேளை, பிரதேச செயலகங்களில் இடம்பெற்ற கூட்டங்களில் அதிகாரிகள் கலந்துகொண்டனர்.

இலங்கை அரசாங்கத்தின் புதிய திட்டங்கள் தொடர்பாக நாடாளுமன்றத்தில் நேற்று நடைபெற்ற விவாதத்தின் போது பல்வேறு கருத்துக்கள் முன்வைக்கப்பட்டன. இது தொடர்பாக மேலும் தெரியவருவதாவது, மக்களின் நலன் கருதி எடுக்கப்படும் நடவடிக்கைகள் குறித்து உரிய அதிகாரிகள் விளக்கமளித்தனர். மாவட்ட மட்டத்தில் நடைபெறும் அபிவிருத்தி பணிகள் விரைவுபடுத்தப்படும் எனவும் குறிப்பிடப்பட்டது. பொதுமக்களின் பங்களிப்புடன் இந்த வேலைத்திட்டங்கள் முன்னெடுக்கப்படும். இதேவேளை, பிரதேச செயலகங்களில் இடம்பெற்ற கூட்டங்களில் அதிகாரிகள் கலந்துகொண்டனர்.

தனித்துவியல...
(முதல்வகுதி தொடர்ச்சி)

இலங்கை அரசாங்கத்தின் புதிய திட்டங்கள் தொடர்பாக நாடாளுமன்றத்தில் நேற்று நடைபெற்ற விவாதத்தின் போது பல்வேறு கருத்துக்கள் முன்வைக்கப்பட்டன. இது தொடர்பாக மேலும் தெரியவருவதாவது, மக்களின் நலன் கருதி எடுக்கப்படும் நடவடிக்கைகள் குறித்து உரிய அதிகாரிகள் விளக்கமளித்தனர். மாவட்ட மட்டத்தில் நடைபெறும் அபிவிருத்தி பணிகள் விரைவுபடுத்தப்படும் எனவும் குறிப்பிடப்பட்டது. பொதுமக்களின் பங்களிப்புடன் இந்த வேலைத்திட்டங்கள் முன்னெடுக்கப்படும். இதேவேளை, பிரதேச செயலகங்களில் இடம்பெற்ற கூட்டங்களில் அதிகாரிகள் கலந்துகொண்டனர்.

இலங்கை அரசாங்கத்தின் புதிய திட்டங்கள் தொடர்பாக நாடாளுமன்றத்தில் நேற்று நடைபெற்ற விவாதத்தின் போது பல்வேறு கருத்துக்கள் முன்வைக்கப்பட்டன. இது தொடர்பாக மேலும் தெரியவருவதாவது, மக்களின் நலன் கருதி எடுக்கப்படும் நடவடிக்கைகள் குறித்து உரிய அதிகாரிகள் விளக்கமளித்தனர். மாவட்ட மட்டத்தில் நடைபெறும் அபிவிருத்தி பணிகள் விரைவுபடுத்தப்படும் எனவும் குறிப்பிடப்பட்டது. பொதுமக்களின் பங்களிப்புடன் இந்த வேலைத்திட்டங்கள் முன்னெடுக்கப்படும். இதேவேளை, பிரதேச செயலகங்களில் இடம்பெற்ற கூட்டங்களில் அதிகாரிகள் கலந்துகொண்டனர்.

இலங்கை அரசாங்கத்தின் புதிய திட்டங்கள் தொடர்பாக நாடாளுமன்றத்தில் நேற்று நடைபெற்ற விவாதத்தின் போது பல்வேறு கருத்துக்கள் முன்வைக்கப்பட்டன. இது தொடர்பாக மேலும் தெரியவருவதாவது, மக்களின் நலன் கருதி எடுக்கப்படும் நடவடிக்கைகள் குறித்து உரிய அதிகாரிகள் விளக்கமளித்தனர். மாவட்ட மட்டத்தில் நடைபெறும் அபிவிருத்தி பணிகள் விரைவுபடுத்தப்படும் எனவும் குறிப்பிடப்பட்டது. பொதுமக்களின் பங்களிப்புடன் இந்த வேலைத்திட்டங்கள் முன்னெடுக்கப்படும். இதேவேளை, பிரதேச செயலகங்களில் இடம்பெற்ற கூட்டங்களில் அதிகாரிகள் கலந்துகொண்டனர்.

இலங்கை அரசாங்கத்தின் புதிய திட்டங்கள் தொடர்பாக நாடாளுமன்றத்தில் நேற்று நடைபெற்ற விவாதத்தின் போது பல்வேறு கருத்துக்கள் முன்வைக்கப்பட்டன. இது தொடர்பாக மேலும் தெரியவருவதாவது, மக்களின் நலன் கருதி எடுக்கப்படும் நடவடிக்கைகள் குறித்து உரிய அதிகாரிகள் விளக்கமளித்தனர். மாவட்ட மட்டத்தில் நடைபெறும் அபிவிருத்தி பணிகள் விரைவுபடுத்தப்படும் எனவும் குறிப்பிடப்பட்டது. பொதுமக்களின் பங்களிப்புடன் இந்த வேலைத்திட்டங்கள் முன்னெடுக்கப்படும். இதேவேளை, பிரதேச செயலகங்களில் இடம்பெற்ற கூட்டங்களில் அதிகாரிகள் கலந்துகொண்டனர்.

இலங்கை அரசாங்கத்தின் புதிய திட்டங்கள் தொடர்பாக நாடாளுமன்றத்தில் நேற்று நடைபெற்ற விவாதத்தின் போது பல்வேறு கருத்துக்கள் முன்வைக்கப்பட்டன. இது தொடர்பாக மேலும் தெரியவருவதாவது, மக்களின் நலன் கருதி எடுக்கப்படும் நடவடிக்கைகள் குறித்து உரிய அதிகாரிகள் விளக்கமளித்தனர். மாவட்ட மட்டத்தில் நடைபெறும் அபிவிருத்தி பணிகள் விரைவுபடுத்தப்படும் எனவும் குறிப்பிடப்பட்டது. பொதுமக்களின் பங்களிப்புடன் இந்த வேலைத்திட்டங்கள் முன்னெடுக்கப்படும். இதேவேளை, பிரதேச செயலகங்களில் இடம்பெற்ற கூட்டங்களில் அதிகாரிகள் கலந்துகொண்டனர்.

இலங்கை அரசாங்கத்தின் புதிய திட்டங்கள் தொடர்பாக நாடாளுமன்றத்தில் நேற்று நடைபெற்ற விவாதத்தின் போது பல்வேறு கருத்துக்கள் முன்வைக்கப்பட்டன. இது தொடர்பாக மேலும் தெரியவருவதாவது, மக்களின் நலன் கருதி எடுக்கப்படும் நடவடிக்கைகள் குறித்து உரிய அதிகாரிகள் விளக்கமளித்தனர். மாவட்ட மட்டத்தில் நடைபெறும் அபிவிருத்தி பணிகள் விரைவுபடுத்தப்படும் எனவும் குறிப்பிடப்பட்டது. பொதுமக்களின் பங்களிப்புடன் இந்த வேலைத்திட்டங்கள் முன்னெடுக்கப்படும். இதேவேளை, பிரதேச செயலகங்களில் இடம்பெற்ற கூட்டங்களில் அதிகாரிகள் கலந்துகொண்டனர்.

இலங்கை அரசாங்கத்தின் புதிய திட்டங்கள் தொடர்பாக நாடாளுமன்றத்தில் நேற்று நடைபெற்ற விவாதத்தின் போது பல்வேறு கருத்துக்கள் முன்வைக்கப்பட்டன. இது தொடர்பாக மேலும் தெரியவருவதாவது, மக்களின் நலன் கருதி எடுக்கப்படும் நடவடிக்கைகள் குறித்து உரிய அதிகாரிகள் விளக்கமளித்தனர். மாவட்ட மட்டத்தில் நடைபெறும் அபிவிருத்தி பணிகள் விரைவுபடுத்தப்படும் எனவும் குறிப்பிடப்பட்டது. பொதுமக்களின் பங்களிப்புடன் இந்த வேலைத்திட்டங்கள் முன்னெடுக்கப்படும். இதேவேளை, பிரதேச செயலகங்களில் இடம்பெற்ற கூட்டங்களில் அதிகாரிகள் கலந்துகொண்டனர்.

அனின்...
(முதல்வகுதி தொடர்ச்சி)

இலங்கை அரசாங்கத்தின் புதிய திட்டங்கள் தொடர்பாக நாடாளுமன்றத்தில் நேற்று நடைபெற்ற விவாதத்தின் போது பல்வேறு கருத்துக்கள் முன்வைக்கப்பட்டன. இது தொடர்பாக மேலும் தெரியவருவதாவது, மக்களின் நலன் கருதி எடுக்கப்படும் நடவடிக்கைகள் குறித்து உரிய அதிகாரிகள் விளக்கமளித்தனர். மாவட்ட மட்டத்தில் நடைபெறும் அபிவிருத்தி பணிகள் விரைவுபடுத்தப்படும் எனவும் குறிப்பிடப்பட்டது. பொதுமக்களின் பங்களிப்புடன் இந்த வேலைத்திட்டங்கள் முன்னெடுக்கப்படும். இதேவேளை, பிரதேச செயலகங்களில் இடம்பெற்ற கூட்டங்களில் அதிகாரிகள் கலந்துகொண்டனர்.

இலங்கை அரசாங்கத்தின் புதிய திட்டங்கள் தொடர்பாக நாடாளுமன்றத்தில் நேற்று நடைபெற்ற விவாதத்தின் போது பல்வேறு கருத்துக்கள் முன்வைக்கப்பட்டன. இது தொடர்பாக மேலும் தெரியவருவதாவது, மக்களின் நலன் கருதி எடுக்கப்படும் நடவடிக்கைகள் குறித்து உரிய அதிகாரிகள் விளக்கமளித்தனர். மாவட்ட மட்டத்தில் நடைபெறும் அபிவிருத்தி பணிகள் விரைவுபடுத்தப்படும் எனவும் குறிப்பிடப்பட்டது. பொதுமக்களின் பங்களிப்புடன் இந்த வேலைத்திட்டங்கள் முன்னெடுக்கப்படும். இதேவேளை, பிரதேச செயலகங்களில் இடம்பெற்ற கூட்டங்களில் அதிகாரிகள் கலந்துகொண்டனர்.

இலங்கை அரசாங்கத்தின் புதிய திட்டங்கள் தொடர்பாக நாடாளுமன்றத்தில் நேற்று நடைபெற்ற விவாதத்தின் போது பல்வேறு கருத்துக்கள் முன்வைக்கப்பட்டன. இது தொடர்பாக மேலும் தெரியவருவதாவது, மக்களின் நலன் கருதி எடுக்கப்படும் நடவடிக்கைகள் குறித்து உரிய அதிகாரிகள் விளக்கமளித்தனர். மாவட்ட மட்டத்தில் நடைபெறும் அபிவிருத்தி பணிகள் விரைவுபடுத்தப்படும் எனவும் குறிப்பிடப்பட்டது. பொதுமக்களின் பங்களிப்புடன் இந்த வேலைத்திட்டங்கள் முன்னெடுக்கப்படும். இதேவேளை, பிரதேச செயலகங்களில் இடம்பெற்ற கூட்டங்களில் அதிகாரிகள் கலந்துகொண்டனர்.

இலங்கை அரசாங்கத்தின் புதிய திட்டங்கள் தொடர்பாக நாடாளுமன்றத்தில் நேற்று நடைபெற்ற விவாதத்தின் போது பல்வேறு கருத்துக்கள் முன்வைக்கப்பட்டன. இது தொடர்பாக மேலும் தெரியவருவதாவது, மக்களின் நலன் கருதி எடுக்கப்படும் நடவடிக்கைகள் குறித்து உரிய அதிகாரிகள் விளக்கமளித்தனர். மாவட்ட மட்டத்தில் நடைபெறும் அபிவிருத்தி பணிகள் விரைவுபடுத்தப்படும் எனவும் குறிப்பிடப்பட்டது. பொதுமக்களின் பங்களிப்புடன் இந்த வேலைத்திட்டங்கள் முன்னெடுக்கப்படும். இதேவேளை, பிரதேச செயலகங்களில் இடம்பெற்ற கூட்டங்களில் அதிகாரிகள் கலந்துகொண்டனர்.

இலங்கை அரசாங்கத்தின் புதிய திட்டங்கள் தொடர்பாக நாடாளுமன்றத்தில் நேற்று நடைபெற்ற விவாதத்தின் போது பல்வேறு கருத்துக்கள் முன்வைக்கப்பட்டன. இது தொடர்பாக மேலும் தெரியவருவதாவது, மக்களின் நலன் கருதி எடுக்கப்படும் நடவடிக்கைகள் குறித்து உரிய அதிகாரிகள் விளக்கமளித்தனர். மாவட்ட மட்டத்தில் நடைபெறும் அபிவிருத்தி பணிகள் விரைவுபடுத்தப்படும் எனவும் குறிப்பிடப்பட்டது. பொதுமக்களின் பங்களிப்புடன் இந்த வேலைத்திட்டங்கள் முன்னெடுக்கப்படும். இதேவேளை, பிரதேச செயலகங்களில் இடம்பெற்ற கூட்டங்களில் அதிகாரிகள் கலந்துகொண்டனர்.

இலங்கை அரசாங்கத்தின் புதிய திட்டங்கள் தொடர்பாக நாடாளுமன்றத்தில் நேற்று நடைபெற்ற விவாதத்தின் போது பல்வேறு கருத்துக்கள் முன்வைக்கப்பட்டன. இது தொடர்பாக மேலும் தெரியவருவதாவது, மக்களின் நலன் கருதி எடுக்கப்படும் நடவடிக்கைகள் குறித்து உரிய அதிகாரிகள் விளக்கமளித்தனர். மாவட்ட மட்டத்தில் நடைபெறும் அபிவிருத்தி பணிகள் விரைவுபடுத்தப்படும் எனவும் குறிப்பிடப்பட்டது. பொதுமக்களின் பங்களிப்புடன் இந்த வேலைத்திட்டங்கள் முன்னெடுக்கப்படும். இதேவேளை, பிரதேச செயலகங்களில் இடம்பெற்ற கூட்டங்களில் அதிகாரிகள் கலந்துகொண்டனர்.

சுவிஸிஸில் சாஸ்தியின்...
(முதல்வகுதி தொடர்ச்சி)

இலங்கை அரசாங்கத்தின் புதிய திட்டங்கள் தொடர்பாக நாடாளுமன்றத்தில் நேற்று நடைபெற்ற விவாதத்தின் போது பல்வேறு கருத்துக்கள் முன்வைக்கப்பட்டன. இது தொடர்பாக மேலும் தெரியவருவதாவது, மக்களின் நலன் கருதி எடுக்கப்படும் நடவடிக்கைகள் குறித்து உரிய அதிகாரிகள் விளக்கமளித்தனர். மாவட்ட மட்டத்தில் நடைபெறும் அபிவிருத்தி பணிகள் விரைவுபடுத்தப்படும் எனவும் குறிப்பிடப்பட்டது. பொதுமக்களின் பங்களிப்புடன் இந்த வேலைத்திட்டங்கள் முன்னெடுக்கப்படும். இதேவேளை, பிரதேச செயலகங்களில் இடம்பெற்ற கூட்டங்களில் அதிகாரிகள் கலந்துகொண்டனர்.

இலங்கை அரசாங்கத்தின் புதிய திட்டங்கள் தொடர்பாக நாடாளுமன்றத்தில் நேற்று நடைபெற்ற விவாதத்தின் போது பல்வேறு கருத்துக்கள் முன்வைக்கப்பட்டன. இது தொடர்பாக மேலும் தெரியவருவதாவது, மக்களின் நலன் கருதி எடுக்கப்படும் நடவடிக்கைகள் குறித்து உரிய அதிகாரிகள் விளக்கமளித்தனர். மாவட்ட மட்டத்தில் நடைபெறும் அபிவிருத்தி பணிகள் விரைவுபடுத்தப்படும் எனவும் குறிப்பிடப்பட்டது. பொதுமக்களின் பங்களிப்புடன் இந்த வேலைத்திட்டங்கள் முன்னெடுக்கப்படும். இதேவேளை, பிரதேச செயலகங்களில் இடம்பெற்ற கூட்டங்களில் அதிகாரிகள் கலந்துகொண்டனர்.

இலங்கை அரசாங்கத்தின் புதிய திட்டங்கள் தொடர்பாக நாடாளுமன்றத்தில் நேற்று நடைபெற்ற விவாதத்தின் போது பல்வேறு கருத்துக்கள் முன்வைக்கப்பட்டன. இது தொடர்பாக மேலும் தெரியவருவதாவது, மக்களின் நலன் கருதி எடுக்கப்படும் நடவடிக்கைகள் குறித்து உரிய அதிகாரிகள் விளக்கமளித்தனர். மாவட்ட மட்டத்தில் நடைபெறும் அபிவிருத்தி பணிகள் விரைவுபடுத்தப்படும் எனவும் குறிப்பிடப்பட்டது. பொதுமக்களின் பங்களிப்புடன் இந்த வேலைத்திட்டங்கள் முன்னெடுக்கப்படும். இதேவேளை, பிரதேச செயலகங்களில் இடம்பெற்ற கூட்டங்களில் அதிகாரிகள் கலந்துகொண்டனர்.

இலங்கை அரசாங்கத்தின் புதிய திட்டங்கள் தொடர்பாக நாடாளுமன்றத்தில் நேற்று நடைபெற்ற விவாதத்தின் போது பல்வேறு கருத்துக்கள் முன்வைக்கப்பட்டன. இது தொடர்பாக மேலும் தெரியவருவதாவது, மக்களின் நலன் கருதி எடுக்கப்படும் நடவடிக்கைகள் குறித்து உரிய அதிகாரிகள் விளக்கமளித்தனர். மாவட்ட மட்டத்தில் நடைபெறும் அபிவிருத்தி பணிகள் விரைவுபடுத்தப்படும் எனவும் குறிப்பிடப்பட்டது. பொதுமக்களின் பங்களிப்புடன் இந்த வேலைத்திட்டங்கள் முன்னெடுக்கப்படும். இதேவேளை, பிரதேச செயலகங்களில் இடம்பெற்ற கூட்டங்களில் அதிகாரிகள் கலந்துகொண்டனர்.

இலங்கை அரசாங்கத்தின் புதிய திட்டங்கள் தொடர்பாக நாடாளுமன்றத்தில் நேற்று நடைபெற்ற விவாதத்தின் போது பல்வேறு கருத்துக்கள் முன்வைக்கப்பட்டன. இது தொடர்பாக மேலும் தெரியவருவதாவது, மக்களின் நலன் கருதி எடுக்கப்படும் நடவடிக்கைகள் குறித்து உரிய அதிகாரிகள் விளக்கமளித்தனர். மாவட்ட மட்டத்தில் நடைபெறும் அபிவிருத்தி பணிகள் விரைவுபடுத்தப்படும் எனவும் குறிப்பிடப்பட்டது. பொதுமக்களின் பங்களிப்புடன் இந்த வேலைத்திட்டங்கள் முன்னெடுக்கப்படும். இதேவேளை, பிரதேச செயலகங்களில் இடம்பெற்ற கூட்டங்களில் அதிகாரிகள் கலந்துகொண்டனர்.

இலங்கை அரசாங்கத்தின் புதிய திட்டங்கள் தொடர்பாக நாடாளுமன்றத்தில் நேற்று நடைபெற்ற விவாதத்தின் போது பல்வேறு கருத்துக்கள் முன்வைக்கப்பட்டன. இது தொடர்பாக மேலும் தெரியவருவதாவது, மக்களின் நலன் கருதி எடுக்கப்படும் நடவடிக்கைகள் குறித்து உரிய அதிகாரிகள் விளக்கமளித்தனர். மாவட்ட மட்டத்தில் நடைபெறும் அபிவிருத்தி பணிகள் விரைவுபடுத்தப்படும் எனவும் குறிப்பிடப்பட்டது. பொதுமக்களின் பங்களிப்புடன் இந்த வேலைத்திட்டங்கள் முன்னெடுக்கப்படும். இதேவேளை, பிரதேச செயலகங்களில் இடம்பெற்ற கூட்டங்களில் அதிகாரிகள் கலந்துகொண்டனர்.

நிமல்குமர விகராவ...
(முதல்வகுதி தொடர்ச்சி)

இலங்கை அரசாங்கத்தின் புதிய திட்டங்கள் தொடர்பாக நாடாளுமன்றத்தில் நேற்று நடைபெற்ற விவாதத்தின் போது பல்வேறு கருத்துக்கள் முன்வைக்கப்பட்டன. இது தொடர்பாக மேலும் தெரியவருவதாவது, மக்களின் நலன் கருதி எடுக்கப்படும் நடவடிக்கைகள் குறித்து உரிய அதிகாரிகள் விளக்கமளித்தனர். மாவட்ட மட்டத்தில் நடைபெறும் அபிவிருத்தி பணிகள் விரைவுபடுத்தப்படும் எனவும் குறிப்பிடப்பட்டது. பொதுமக்களின் பங்களிப்புடன் இந்த வேலைத்திட்டங்கள் முன்னெடுக்கப்படும். இதேவேளை, பிரதேச செயலகங்களில் இடம்பெற்ற கூட்டங்களில் அதிகாரிகள் கலந்துகொண்டனர்.

இலங்கை அரசாங்கத்தின் புதிய திட்டங்கள் தொடர்பாக நாடாளுமன்றத்தில் நேற்று நடைபெற்ற விவாதத்தின் போது பல்வேறு கருத்துக்கள் முன்வைக்கப்பட்டன. இது தொடர்பாக மேலும் தெரியவருவதாவது, மக்களின் நலன் கருதி எடுக்கப்படும் நடவடிக்கைகள் குறித்து உரிய அதிகாரிகள் விளக்கமளித்தனர். மாவட்ட மட்டத்தில் நடைபெறும் அபிவிருத்தி பணிகள் விரைவுபடுத்தப்படும் எனவும் குறிப்பிடப்பட்டது. பொதுமக்களின் பங்களிப்புடன் இந்த வேலைத்திட்டங்கள் முன்னெடுக்கப்படும். இதேவேளை, பிரதேச செயலகங்களில் இடம்பெற்ற கூட்டங்களில் அதிகாரிகள் கலந்துகொண்டனர்.

இலங்கை அரசாங்கத்தின் புதிய திட்டங்கள் தொடர்பாக நாடாளுமன்றத்தில் நேற்று நடைபெற்ற விவாதத்தின் போது பல்வேறு கருத்துக்கள் முன்வைக்கப்பட்டன. இது தொடர்பாக மேலும் தெரியவருவதாவது, மக்களின் நலன் கருதி எடுக்கப்படும் நடவடிக்கைகள் குறித்து உரிய அதிகாரிகள் விளக்கமளித்தனர். மாவட்ட மட்டத்தில் நடைபெறும் அபிவிருத்தி பணிகள் விரைவுபடுத்தப்படும் எனவும் குறிப்பிடப்பட்டது. பொதுமக்களின் பங்களிப்புடன் இந்த வேலைத்திட்டங்கள் முன்னெடுக்கப்படும். இதேவேளை, பிரதேச செயலகங்களில் இடம்பெற்ற கூட்டங்களில் அதிகாரிகள் கலந்துகொண்டனர்.

இலங்கை அரசாங்கத்தின் புதிய திட்டங்கள் தொடர்பாக நாடாளுமன்றத்தில் நேற்று நடைபெற்ற விவாதத்தின் போது பல்வேறு கருத்துக்கள் முன்வைக்கப்பட்டன. இது தொடர்பாக மேலும் தெரியவருவதாவது, மக்களின் நலன் கருதி எடுக்கப்படும் நடவடிக்கைகள் குறித்து உரிய அதிகாரிகள் விளக்கமளித்தனர். மாவட்ட மட்டத்தில் நடைபெறும் அபிவிருத்தி பணிகள் விரைவுபடுத்தப்படும் எனவும் குறிப்பிடப்பட்டது. பொதுமக்களின் பங்களிப்புடன் இந்த வேலைத்திட்டங்கள் முன்னெடுக்கப்படும். இதேவேளை, பிரதேச செயலகங்களில் இடம்பெற்ற கூட்டங்களில் அதிகாரிகள் கலந்துகொண்டனர்.

இலங்கை அரசாங்கத்தின் புதிய திட்டங்கள் தொடர்பாக நாடாளுமன்றத்தில் நேற்று நடைபெற்ற விவாதத்தின் போது பல்வேறு கருத்துக்கள் முன்வைக்கப்பட்டன. இது தொடர்பாக மேலும் தெரியவருவதாவது, மக்களின் நலன் கருதி எடுக்கப்படும் நடவடிக்கைகள் குறித்து உரிய அதிகாரிகள் விளக்கமளித்தனர். மாவட்ட மட்டத்தில் நடைபெறும் அபிவிருத்தி பணிகள் விரைவுபடுத்தப்படும் எனவும் குறிப்பிடப்பட்டது. பொதுமக்களின் பங்களிப்புடன் இந்த வேலைத்திட்டங்கள் முன்னெடுக்கப்படும். இதேவேளை, பிரதேச செயலகங்களில் இடம்பெற்ற கூட்டங்களில் அதிகாரிகள் கலந்துகொண்டனர்.

இலங்கை அரசாங்கத்தின் புதிய திட்டங்கள் தொடர்பாக நாடாளுமன்றத்தில் நேற்று நடைபெற்ற விவாதத்தின் போது பல்வேறு கருத்துக்கள் முன்வைக்கப்பட்டன. இது தொடர்பாக மேலும் தெரியவருவதாவது, மக்களின் நலன் கருதி எடுக்கப்படும் நடவடிக்கைகள் குறித்து உரிய அதிகாரிகள் விளக்கமளித்தனர். மாவட்ட மட்டத்தில் நடைபெறும் அபிவிருத்தி பணிகள் விரைவுபடுத்தப்படும் எனவும் குறிப்பிடப்பட்டது. பொதுமக்களின் பங்களிப்புடன் இந்த வேலைத்திட்டங்கள் முன்னெடுக்கப்படும். இதேவேளை, பிரதேச செயலகங்களில் இடம்பெற்ற கூட்டங்களில் அதிகாரிகள் கலந்துகொண்டனர்.

இலங்கை அரசாங்கத்தின் புதிய திட்டங்கள் தொடர்பாக நாடாளுமன்றத்தில் நேற்று நடைபெற்ற விவாதத்தின் போது பல்வேறு கருத்துக்கள் முன்வைக்கப்பட்டன. இது தொடர்பாக மேலும் தெரியவருவதாவது, மக்களின் நலன் கருதி எடுக்கப்படும் நடவடிக்கைகள் குறித்து உரிய அதிகாரிகள் விளக்கமளித்தனர். மாவட்ட மட்டத்தில் நடைபெறும் அபிவிருத்தி பணிகள் விரைவுபடுத்தப்படும் எனவும் குறிப்பிடப்பட்டது. பொதுமக்களின் பங்களிப்புடன் இந்த வேலைத்திட்டங்கள் முன்னெடுக்கப்படும். இதேவேளை, பிரதேச செயலகங்களில் இடம்பெற்ற கூட்டங்களில் அதிகாரிகள் கலந்துகொண்டனர்.

இலங்கை அரசாங்கத்தின் புதிய திட்டங்கள் தொடர்பாக நாடாளுமன்றத்தில் நேற்று நடைபெற்ற விவாதத்தின் போது பல்வேறு கருத்துக்கள் முன்வைக்கப்பட்டன. இது தொடர்பாக மேலும் தெரியவருவதாவது, மக்களின் நலன் கருதி எடுக்கப்படும் நடவடிக்கைகள் குறித்து உரிய அதிகாரிகள் விளக்கமளித்தனர். மாவட்ட மட்டத்தில் நடைபெறும் அபிவிருத்தி பணிகள் விரைவுபடுத்தப்படும் எனவும் குறிப்பிடப்பட்டது. பொதுமக்களின் பங்களிப்புடன் இந்த வேலைத்திட்டங்கள் முன்னெடுக்கப்படும். இதேவேளை, பிரதேச செயலகங்களில் இடம்பெற்ற கூட்டங்களில் அதிகாரிகள் கலந்துகொண்டனர்.

இலங்கை அரசாங்கத்தின் புதிய திட்டங்கள் தொடர்பாக நாடாளுமன்றத்தில் நேற்று நடைபெற்ற விவாதத்தின் போது பல்வேறு கருத்துக்கள் முன்வைக்கப்பட்டன. இது தொடர்பாக மேலும் தெரியவருவதாவது, மக்களின் நலன் கருதி எடுக்கப்படும் நடவடிக்கைகள் குறித்து உரிய அதிகாரிகள் விளக்கமளித்தனர். மாவட்ட மட்டத்தில் நடைபெறும் அபிவிருத்தி பணிகள் விரைவுபடுத்தப்படும் எனவும் குறிப்பிடப்பட்டது. பொதுமக்களின் பங்களிப்புடன் இந்த வேலைத்திட்டங்கள் முன்னெடுக்கப்படும். இதேவேளை, பிரதேச செயலகங்களில் இடம்பெற்ற கூட்டங்களில் அதிகாரிகள் கலந்துகொண்டனர்.

இலங்கை அரசாங்கத்தின் புதிய திட்டங்கள் தொடர்பாக நாடாளுமன்றத்தில் நேற்று நடைபெற்ற விவாதத்தின் போது பல்வேறு கருத்துக்கள் முன்வைக்கப்பட்டன. இது தொடர்பாக மேலும் தெரியவருவதாவது, மக்களின் நலன் கருதி எடுக்கப்படும் நடவடிக்கைகள் குறித்து உரிய அதிகாரிகள் விளக்கமளித்தனர். மாவட்ட மட்டத்தில் நடைபெறும் அபிவிருத்தி பணிகள் விரைவுபடுத்தப்படும் எனவும் குறிப்பிடப்பட்டது. பொதுமக்களின் பங்களிப்புடன் இந்த வேலைத்திட்டங்கள் முன்னெடுக்கப்படும். இதேவேளை, பிரதேச செயலகங்களில் இடம்பெற்ற கூட்டங்களில் அதிகாரிகள் கலந்துகொண்டனர்.

இலங்கை அரசாங்கத்தின் புதிய திட்டங்கள் தொடர்பாக நாடாளுமன்றத்தில் நேற்று நடைபெற்ற விவாதத்தின் போது பல்வேறு கருத்துக்கள் முன்வைக்கப்பட்டன. இது தொடர்பாக மேலும் தெரியவருவதாவது, மக்களின் நலன் கருதி எடுக்கப்படும் நடவடிக்கைகள் குறித்து உரிய அதிகாரிகள் விளக்கமளித்தனர். மாவட்ட மட்டத்தில் நடைபெறும் அபிவிருத்தி பணிகள் விரைவுபடுத்தப்படும் எனவும் குறிப்பிடப்பட்டது. பொதுமக்களின் பங்களிப்புடன் இந்த வேலைத்திட்டங்கள் முன்னெடுக்கப்படும். இதேவேளை, பிரதேச செயலகங்களில் இடம்பெற்ற கூட்டங்களில் அதிகாரிகள் கலந்துகொண்டனர்.

இலங்கை அரசாங்கத்தின் புதிய திட்டங்கள் தொடர்பாக நாடாளுமன்றத்தில் நேற்று நடைபெற்ற விவாதத்தின் போது பல்வேறு கருத்துக்கள் முன்வைக்கப்பட்டன. இது தொடர்பாக மேலும் தெரியவருவதாவது, மக்களின் நலன் கருதி எடுக்கப்படும் நடவடிக்கைகள் குறித்து உரிய அதிகாரிகள் விளக்கமளித்தனர். மாவட்ட மட்டத்தில் நடைபெறும் அபிவிருத்தி பணிகள் விரைவுபடுத்தப்படும் எனவும் குறிப்பிடப்பட்டது. பொதுமக்களின் பங்களிப்புடன் இந்த வேலைத்திட்டங்கள் முன்னெடுக்கப்படும். இதேவேளை, பிரதேச செயலகங்களில் இடம்பெற்ற கூட்டங்களில் அதிகாரிகள் கலந்துகொண்டனர்.

இலங்கை அரசாங்கத்தின் புதிய திட்டங்கள் தொடர்பாக நாடாளுமன்றத்தில் நேற்று நடைபெற்ற விவாதத்தின் போது பல்வேறு கருத்துக்கள் முன்வைக்கப்பட்டன. இது தொடர்பாக மேலும் தெரியவருவதாவது, மக்களின் நலன் கருதி எடுக்கப்படும் நடவடிக்கைகள் குறித்து உரிய அதிகாரிகள் விளக்கமளித்தனர். மாவட்ட மட்டத்தில் நடைபெறும் அபிவிருத்தி பணிகள் விரைவுபடுத்தப்படும் எனவும் குறிப்பிடப்பட்டது. பொதுமக்களின் பங்களிப்புடன் இந்த வேலைத்திட்டங்கள் முன்னெடுக்கப்படும். இதேவேளை, பிரதேச செயலகங்களில் இடம்பெற்ற கூட்டங்களில் அதிகாரிகள் கலந்துகொண்டனர்.

இலங்கை அரசாங்கத்தின் புதிய திட்டங்கள் தொடர்பாக நாடாளுமன்றத்தில் நேற்று நடைபெற்ற விவாதத்தின் போது பல்வேறு கருத்துக்கள் முன்வைக்கப்பட்டன. இது தொடர்பாக மேலும் தெரியவருவதாவது, மக்களின் நலன் கருதி எடுக்கப்படும் நடவடிக்கைகள் குறித்து உரிய அதிகாரிகள் விளக்கமளித்தனர். மாவட்ட மட்டத்தில் நடைபெறும் அபிவிருத்தி பணிகள் விரைவுபடுத்தப்படும் எனவும் குறிப்பிடப்பட்டது. பொதுமக்களின் பங்களிப்புடன் இந்த வேலைத்திட்டங்கள் முன்னெடுக்கப்படும். இதேவேளை, பிரதேச செயலகங்களில் இடம்பெற்ற கூட்டங்களில் அதிகாரிகள் கலந்துகொண்டனர்.

இலங்கை அரசாங்கத்தின் புதிய திட்டங்கள் தொடர்பாக நாடாளுமன்றத்தில் நேற்று நடைபெற்ற விவாதத்தின் போது பல்வேறு கருத்துக்கள் முன்வைக்கப்பட்டன. இது தொடர்பாக மேலும் தெரியவருவதாவது, மக்களின் நலன் கருதி எடுக்கப்படும் நடவடிக்கைகள் குறித்து உரிய அதிகாரிகள் விளக்கமளித்தனர். மாவட்ட மட்டத்தில் நடைபெறும் அபிவிருத்தி பணிகள் விரைவுபடுத்தப்படும் எனவும் குறிப்பிடப்பட்டது. பொதுமக்களின் பங்களிப்புடன் இந்த வேலைத்திட்டங்கள் முன்னெடுக்கப்படும். இதேவேளை, பிரதேச செயலகங்களில் இடம்பெற்ற கூட்டங்களில் அதிகாரிகள் கலந்துகொண்டனர்.

இலங்கை அரசாங்கத்தின் புதிய திட்டங்கள் தொடர்பாக நாடாளுமன்றத்தில் நேற்று நடைபெற்ற விவாதத்தின் போது பல்வேறு கருத்துக்கள் முன்வைக்கப்பட்டன. இது தொடர்பாக மேலும் தெரியவருவதாவது, மக்களின் நலன் கருதி எடுக்கப்படும் நடவடிக்கைகள் குறித்து உரிய அதிகாரிகள் விளக்கமளித்தனர். மாவட்ட மட்டத்தில் நடைபெறும் அபிவிருத்தி பணிகள் விரைவுபடுத்தப்படும் எனவும் குறிப்பிடப்பட்டது. பொதுமக்களின் பங்களிப்புடன் இந்த வேலைத்திட்டங்கள் முன்னெடுக்கப்படும். இதேவேளை, பிரதேச செயலகங்களில் இடம்பெற்ற கூட்டங்களில் அதிகாரிகள் கலந்துகொண்டனர்.

இலங்கை அரசாங்கத்தின் புதிய திட்டங்கள் தொடர்பாக நாடாளுமன்றத்தில் நேற்று நடைபெற்ற விவாதத்தின் போது பல்வேறு கருத்துக்கள் முன்வைக்கப்பட்டன. இது தொடர்பாக மேலும் தெரியவருவதாவது, மக்களின் நலன் கருதி எடுக்கப்படும் நடவடிக்கைகள் குறித்து உரிய அதிகாரிகள் விளக்கமளித்தனர். மாவட்ட மட்டத்தில் நடைபெறும் அபிவிருத்தி பணிகள் விரைவுபடுத்தப்படும் எனவும் குறிப்பிடப்பட்டது. பொதுமக்களின் பங்களிப்புடன் இந்த வேலைத்திட்டங்கள் முன்னெடுக்கப்படும். இதேவேளை, பிரதேச செயலகங்களில் இடம்பெற்ற கூட்டங்களில் அதிகாரிகள் கலந்துகொண்டனர்.

இலங்கை அரசாங்கத்தின் புதிய திட்டங்கள் தொடர்பாக நாடாளுமன்றத்தில் நேற்று நடைபெற்ற விவாதத்தின் போது பல்வேறு கருத்துக்கள் முன்வைக்கப்பட்டன. இது தொடர்பாக மேலும் தெரியவருவதாவது, மக்களின் நலன் கருதி எடுக்கப்படும் நடவடிக்கைகள் குறித்து உரிய அதிகாரிகள் விளக்கமளித்தனர். மாவட்ட மட்டத்தில் நடைபெறும் அபிவிருத்தி பணிகள் விரைவுபடுத்தப்படும் எனவும் குறிப்பிடப்பட்டது. பொதுமக்களின் பங்களிப்புடன் இந்த வேலைத்திட்டங்கள் முன்னெடுக்கப்படும். இதேவேளை, பிரதேச செயலகங்களில் இடம்பெற்ற கூட்டங்களில் அதிகாரிகள் கலந்துகொண்டனர்.

இலங்கை அரசாங்கத்தின் புதிய திட்டங்கள் தொடர்பாக நாடாளுமன்றத்தில் நேற்று நடைபெற்ற விவாதத்தின் போது பல்வேறு கருத்துக்கள் முன்வைக்கப்பட்டன. இது தொடர்பாக மேலும் தெரியவருவதாவது, மக்களின் நலன் கருதி எடுக்கப்படும் நடவடிக்கைகள் குறித்து உரிய அதிகாரிகள் விளக்கமளித்தனர். மாவட்ட மட்டத்தில் நடைபெறும் அபிவிருத்தி பணிகள் விரைவுபடுத்தப்படும் எனவும் குறிப்பிடப்பட்டது. பொதுமக்களின் பங்களிப்புடன் இந்த வேலைத்திட்டங்கள் முன்னெடுக்கப்படும். இதேவேளை, பிரதேச செயலகங்களில் இடம்பெற்ற கூட்டங்களில் அதிகாரிகள் கலந்துகொண்டனர்.

இலங்கை அரசாங்கத்தின் புதிய திட்டங்கள் தொடர்பாக நாடாளுமன்றத்தில் நேற்று நடைபெற்ற விவாதத்தின் போது பல்வேறு கருத்துக்கள் முன்வைக்கப்பட்டன. இது தொடர்பாக மேலும் தெரியவருவதாவது, மக்களின் நலன் கருதி எடுக்கப்படும் நடவடிக்கைகள் குறித்து உரிய அதிகாரிகள் விளக்கமளித்தனர். மாவட்ட மட்டத்தில் நடைபெறும் அபிவிருத்தி பணிகள் விரைவுபடுத்தப்படும் எனவும் குறிப்பிடப்பட்டது. பொதுமக்களின் பங்களிப்புடன் இந்த வேலைத்திட்டங்கள் முன்னெடுக்கப்படும். இதேவேளை, பிரதேச செயலகங்களில் இடம்பெற்ற கூட்டங்களில் அதிகாரிகள் கலந்துகொண்டனர்.

இலங்கை அரசாங்கத்தின் புதிய திட்டங்கள் தொடர்பாக நாடாளுமன்றத்தில் நேற்று நடைபெற்ற விவாதத்தின் போது பல்வேறு கருத்துக்கள் முன்வைக்கப்பட்டன. இது தொடர்பாக மேலும் தெரியவருவதாவது, மக்களின் நலன் கருதி எடுக்கப்படும் நடவடிக்கைகள் குறித்து உரிய அதிகாரிகள் விளக்கமளித்தனர். மாவட்ட மட்டத்தில் நடைபெறும் அபிவிருத்தி பணிகள் விரைவுபடுத்தப்படும் எனவும் குறிப்பிடப்பட்டது. பொதுமக்களின் பங்களிப்புடன் இந்த வேலைத்திட்டங்கள் முன்னெடுக்கப்படும். இதேவேளை, பிரதேச செயலகங்களில் இடம்பெற்ற கூட்டங்களில் அதிகாரிகள் கலந்துகொண்டனர்.

இலங்கை அரசாங்கத்தின் புதிய திட்டங்கள் தொடர்பாக நாடாளுமன்றத்தில் நேற்று நடைபெற்ற விவாதத்தின் போது பல்வேறு கருத்துக்கள் முன்வைக்கப்பட்டன. இது தொடர்பாக மேலும் தெரியவருவதாவது, மக்களின் நலன் கருதி எடுக்கப்படும் நடவடிக்கைகள் குறித்து உரிய அதிகாரிகள் விளக்கமளித்தனர். மாவட்ட மட்டத்தில் நடைபெறும் அபிவிருத்தி பணிகள் விரைவுபடுத்தப்படும் எனவும் குறிப்பிடப்பட்டது. பொதுமக்களின் பங்களிப்புடன் இந்த வேலைத்திட்டங்கள் முன்னெடுக்கப்படும். இதேவேளை, பிரதேச செயலகங்களில் இடம்பெற்ற கூட்டங்களில் அதிகாரிகள் கலந்துகொண்டனர்.

இலங்கை அரசாங்கத்தின் புதிய திட்டங்கள் தொடர்பாக நாடாளுமன்றத்தில் நேற்று நடைபெற்ற விவாதத்தின் போது பல்வேறு கருத்துக்கள் முன்வைக்கப்பட்டன. இது தொடர்பாக மேலும் தெரியவருவதாவது, மக்களின் நலன் கருதி எடுக்கப்படும் நடவடிக்கைகள் குறித்து உரிய அதிகாரிகள் விளக்கமளித்தனர். மாவட்ட மட்டத்தில் நடைபெறும் அபிவிருத்தி பணிகள் விரைவுபடுத்தப்படும் எனவும் குறிப்பிடப்பட்டது. பொதுமக்களின் பங்களிப்புடன் இந்த வேலைத்திட்டங்கள் முன்னெடுக்கப்படும். இதேவேளை, பிரதேச செயலகங்களில் இடம்பெற்ற கூட்டங்களில் அதிகாரிகள் கலந்துகொண்டனர்.

இலங்கை அரசாங்கத்தின் புதிய திட்டங்கள் தொடர்பாக நாடாளுமன்றத்தில் நேற்று நடைபெற்ற விவாதத்தின் போது பல்வேறு கருத்துக்கள் முன்வைக்கப்பட்டன. இது தொடர்பாக மேலும் தெரியவருவதாவது, மக்களின் நலன் கருதி எடுக்கப்படும் நடவடிக்கைகள் குறித்து உரிய அதிகாரிகள் விளக்கமளித்தனர். மாவட்ட மட்டத்தில் நடைபெறும் அபிவிருத்தி பணிகள் விரைவுபடுத்தப்படும் எனவும் குறிப்பிடப்பட்டது. பொதுமக்களின் பங்களிப்புடன் இந்த வேலைத்திட்டங்கள் முன்னெடுக்கப்படும். இதேவேளை, பிரதேச செயலகங்களில் இடம்பெற்ற கூட்டங்களில் அதிகாரிகள் கலந்துகொண்டனர்.

இலங்கை அரசாங்கத்தின் புதிய திட்டங்கள் தொடர்பாக நாடாளுமன்றத்தில் நேற்று நடைபெற்ற விவாதத்தின் போது பல்வேறு கருத்துக்கள் முன்வைக்கப்பட்டன. இது தொடர்பாக மேலும் தெரியவருவதாவது, மக்களின் நலன் கருதி எடுக்கப்படும் நடவடிக்கைகள் குறித்து உரிய அதிகாரிகள் விளக்கமளித்தனர். மாவட்ட மட்டத்தில் நடைபெறும் அபிவிருத்தி பணிகள் விரைவுபடுத்தப்படும் எனவும் குறிப்பிடப்பட்டது. பொதுமக்களின் பங்களிப்புடன் இந்த வேலைத்திட்டங்கள் முன்னெடுக்கப்படும். இதேவேளை, பிரதேச செயலகங்களில் இடம்பெற்ற கூட்டங்களில் அதிகாரிகள் கலந்துகொண்டனர்.

இலங்கை அரசாங்கத்தின் புதிய திட்டங்கள் தொடர்பாக நாடாளுமன்றத்தில் நேற்று நடைபெற்ற விவாதத்தின் போது பல்வேறு கருத்துக்கள் முன்வைக்கப்பட்டன. இது தொடர்பாக மேலும் தெரியவருவதாவது, மக்களின் நலன் கருதி எடுக்கப்படும் நடவடிக்கைகள் குறித்து உரிய அதிகாரிகள் விளக்கமளித்தனர். மாவட்ட மட்டத்தில் நடைபெறும் அபிவிருத்தி பணிகள் விரைவுபடுத்தப்படும் எனவும் குறிப்பிடப்பட்டது. பொதுமக்களின் பங்களிப்புடன் இந்த வேலைத்திட்டங்கள் முன்னெடுக்கப்படும். இதேவேளை, பிரதேச செயலகங்களில் இடம்பெற்ற கூட்டங்களில் அதிகாரிகள் கலந்துகொண்டனர்.

இலங்கை அரசாங்கத்தின் புதிய திட்டங்கள் தொடர்பாக நாடாளுமன்றத்தில் நேற்று நடைபெற்ற விவாதத்தின் போது பல்வேறு கருத்துக்கள் முன்வைக்கப்பட்டன. இது தொடர்பாக மேலும் தெரியவருவதாவது, மக்களின் நலன் கருதி எடுக்கப்படும் நடவடிக்கைகள் குறித்து உரிய அதிகாரிகள் விளக்கமளித்தனர். மாவட்ட மட்டத்தில் நடைபெறும் அபிவிருத்தி பணிகள் விரைவுபடுத்தப்படும் எனவும் குறிப்பிடப்பட்டது. பொதுமக்களின் பங்களிப்புடன் இந்த வேலைத்திட்டங்கள் முன்னெடுக்கப்படும். இதேவேளை, பிரதேச செயலகங்களில் இடம்பெற்ற கூட்டங்களில் அதிகாரிகள் கலந்துகொண்டனர்.

இலங்கை அரசாங்கத்தின் புதிய திட்டங்கள் தொடர்பாக நாடாளுமன்றத்தில் நேற்று நடைபெற்ற விவாதத்தின் போது பல்வேறு கருத்துக்கள் முன்வைக்கப்பட்டன. இது தொடர்பாக மேலும் தெரியவருவதாவது, மக்களின் நலன் கருதி எடுக்கப்படும் நடவடிக்கைகள் குறித்து உரிய அதிகாரிகள் விளக்கமளித்தனர். மாவட்ட மட்டத்தில் நடைபெறும் அபிவிருத்தி பணிகள் விரைவுபடுத்தப்படும் எனவும் குறிப்பிடப்பட்டது. பொதுமக்களின் பங்களிப்புடன் இந்த வேலைத்திட்டங்கள் முன்னெடுக்கப்படும். இதேவேளை, பிரதேச செயலகங்களில் இடம்பெற்ற கூட்டங்களில் அதிகாரிகள் கலந்துகொண்டனர்.

இலங்கை அரசாங்கத்தின் புதிய திட்டங்கள் தொடர்பாக நாடாளுமன்றத்தில் நேற்று நடைபெற்ற விவாதத்தின் போது பல்வேறு கருத்துக்கள் முன்வைக்கப்பட்டன. இது தொடர்பாக மேலும் தெரியவருவதாவது, மக்களின் நலன் கருதி எடுக்கப்படும் நடவடிக்கைகள் குறித்து உரிய அதிகாரிகள் விளக்கமளித்தனர். மாவட்ட மட்டத்தில் நடைபெறும் அபிவிருத்தி பணிகள் விரைவுபடுத்தப்படும் எனவும் குறிப்பிடப்பட்டது. பொதுமக்களின் பங்களிப்புடன் இந்த வேலைத்திட்டங்கள் முன்னெடுக்கப்படும். இதேவேளை, பிரதேச செயலகங்களில் இடம்பெற்ற கூட்டங்களில் அதிகாரிகள் கலந்துகொண்டனர்.

இலங்கை அரசாங்கத்தின் புதிய திட்டங்கள் தொடர்பாக நாடாளுமன்றத்தில் நேற்று நடைபெற்ற விவாதத்தின் போது பல்வேறு கருத்துக்கள் முன்வைக்கப்பட்டன. இது தொடர்பாக மேலும் தெரியவருவதாவது, மக்களின் நலன் கருதி எடுக்கப்படும் நடவடிக்கைகள் குறித்து உரிய அதிகாரிகள் விளக்கமளித்தனர். மாவட்ட மட்டத்தில் நடைபெறும் அபிவிருத்தி பணிகள் விரைவுபடுத்தப்படும் எனவும் குறிப்பிடப்பட்டது. பொதுமக்களின் பங்களிப்புடன் இந்த வேலைத்திட்டங்கள் முன்னெடுக்கப்படும். இதேவேளை, பிரதேச செயலகங்களில் இடம்பெற்ற கூட்டங்களில் அதிகாரிகள் கலந்துகொண்டனர்.

இலங்கை அரசாங்கத்தின் புதிய திட்டங்கள் தொடர்பாக நாடாளுமன்றத்தில் நேற்று நடைபெற்ற விவாதத்தின் போது பல்வேறு கருத்துக்கள் முன்வைக்கப்பட்டன. இது தொடர்பாக மேலும் தெரியவருவதாவது, மக்களின் நலன் கருதி எடுக்கப்படும் நடவடிக்கைகள் குறித்து உரிய அதிகாரிகள் விளக்கமளித்தனர். மாவட்ட மட்டத்தில் நடைபெறும் அபிவிருத்தி பணிகள் விரைவுபடுத்தப்படும் எனவும் குறிப்பிடப்பட்டது. பொதுமக்களின் பங்களிப்புடன் இந்த வேலைத்திட்டங்கள் முன்னெடுக்கப்படும். இதேவேளை, பிரதேச செயலகங்களில் இடம்பெற்ற கூட்டங்களில் அதிகாரிகள் கலந்துகொண்டனர்.

இலங்கை அரசாங்கத்தின் புதிய திட்டங்கள் தொடர்பாக நாடாளுமன்றத்தில் நேற்று நடைபெற்ற விவாதத்தின் போது பல்வேறு கருத்துக்கள் முன்வைக்கப்பட்டன. இது தொடர்பாக மேலும் தெரியவருவதாவது, மக்களின் நலன் கருதி எடுக்கப்படும் நடவடிக்கைகள் குறித்து உரிய அதிகாரிகள் விளக்கமளித்தனர். மாவட்ட மட்டத்தில் நடைபெறும் அபிவிருத்தி பணிகள் விரைவுபடுத்தப்படும் எனவும் குறிப்பிடப்பட்டது. பொதுமக்களின் பங்களிப்புடன் இந்த வேலைத்திட்டங்கள் முன்னெடுக்கப்படும். இதேவேளை, பிரதேச செயலகங்களில் இடம்பெற்ற கூட்டங்களில் அதிகாரிகள் கலந்துகொண்டனர்.

இலங்கை அரசாங்கத்தின் புதிய திட்டங்கள் தொடர்பாக நாடாளுமன்றத்தில் நேற்று நடைபெற்ற விவாதத்தின் போது பல்வேறு கருத்துக்கள் முன்வைக்கப்பட்டன. இது தொடர்பாக மேலும் தெரியவருவதாவது, மக்களின் நலன் கருதி எடுக்கப்படும் நடவடிக்கைகள் குறித்து உரிய அதிகாரிகள் விளக்கமளித்தனர். மாவட்ட மட்டத்தில் நடைபெறும் அபிவிருத்தி பணிகள் விரைவுபடுத்தப்படும் எனவும் குறிப்பிடப்பட்டது. பொதுமக்களின் பங்களிப்புடன் இந்த வேலைத்திட்டங்கள் முன்னெடுக்கப்படும். இதேவேளை, பிரதேச செயலகங்களில் இடம்பெற்ற கூட்டங்களில் அதிகாரிகள் கலந்துகொண்டனர்.

இலங்கை அரசாங்கத்தின் புதிய திட்டங்கள் தொடர்பாக நாடாளுமன்றத்தில் நேற்று நடைபெற்ற விவாதத்தின் போது பல்வேறு கருத்துக்கள் முன்வைக்கப்பட்டன. இது தொடர்பாக மேலும் தெரியவருவதாவது, மக்களின் நலன் கருதி எடுக்கப்படும் நடவடிக்கைகள் குறித்து உரிய அதிகாரிகள் விளக்கமளித்தனர். மாவட்ட மட்டத்தில் நடைபெறும் அபிவிருத்தி பணிகள் விரைவுபடுத்தப்படும் எனவும் குறிப்பிடப்பட்டது. பொதுமக்களின் பங்களிப்புடன் இந்த வேலைத்திட்டங்கள் முன்னெடுக்கப்படும். இதேவேளை, பிரதேச செயலகங்களில் இடம்பெற்ற கூட்டங்களில் அதிகாரிகள் கலந்துகொண்டனர்.

இலங்கை அரசாங்கத்தின் புதிய திட்டங்கள் தொடர்பாக நாடாளுமன்றத்தில் நேற்று நடைபெற்ற விவாதத்தின் போது பல்வேறு கருத்துக்கள் முன்வைக்கப்பட்டன. இது தொடர்பாக மேலும் தெரியவருவதாவது, மக்களின் நலன் கருதி எடுக்கப்படும் நடவடிக்கைகள் குறித்து உரிய அதிகாரிகள் விளக்கமளித்தனர். மாவட்ட மட்டத்தில் நடைபெறும் அபிவிருத்தி பணிகள் விரைவுபடுத்தப்படும் எனவும் குறிப்பிடப்பட்டது. பொதுமக்களின் பங்களிப்புடன் இந்த வேலைத்திட்டங்கள் முன்னெடுக்கப்படும். இதேவேளை, பிரதேச செயலகங்களில் இடம்பெற்ற கூட்டங்களில் அதிகாரிகள் கலந்துகொண்டனர்.

இலங்கை அரசாங்கத்தின் புதிய திட்டங்கள் தொடர்பாக நாடாளுமன்றத்தில் நேற்று நடைபெற்ற விவாதத்தின் போது பல்வேறு கருத்துக்கள் முன்வைக்கப்பட்டன. இது தொடர்பாக மேலும் தெரியவருவதாவது, மக்களின் நலன் கருதி எடுக்கப்படும் நடவடிக்கைகள் குறித்து உரிய அதிகாரிகள் விளக்கமளித்தனர். மாவட்ட மட்டத்தில் நடைபெறும் அபிவிருத்தி பணிகள் விரைவுபடுத்தப்படும் எனவும் குறிப்பிடப்பட்டது. பொதுமக்களின் பங்களிப்புடன் இந்த வேலைத்திட்டங்கள் முன்னெடுக்கப்படும். இதேவேளை, பிரதேச செயலகங்களில் இடம்பெற்ற கூட்டங்களில் அதிகாரிகள் கலந்துகொண்டனர்.

இலங்கை அரசாங்கத்தின் புதிய திட்டங்கள் தொடர்பாக நாடாளுமன்றத்தில் நேற்று நடைபெற்ற விவாதத்தின் போது பல்வேறு கருத்துக்கள் முன்வைக்கப்பட்டன. இது தொடர்பாக மேலும் தெரியவருவதாவது, மக்களின் நலன் கருதி எடுக்கப்படும் நடவடிக்கைகள் குறித்து உரிய அதிகாரிகள் விளக்கமளித்தனர். மாவட்ட மட்டத்தில் நடைபெறும் அபிவிருத்தி பணிகள் விரைவுபடுத்தப்படும் எனவும் குறிப்பிடப்பட்டது. பொதுமக்களின் பங்களிப்புடன் இந்த வேலைத்திட்டங்கள் முன்னெடுக்கப்படும். இதேவேளை, பிரதேச செயலகங்களில் இடம்பெற்ற கூட்டங்களில் அதிகாரிகள் கலந்துகொண்டனர்.
